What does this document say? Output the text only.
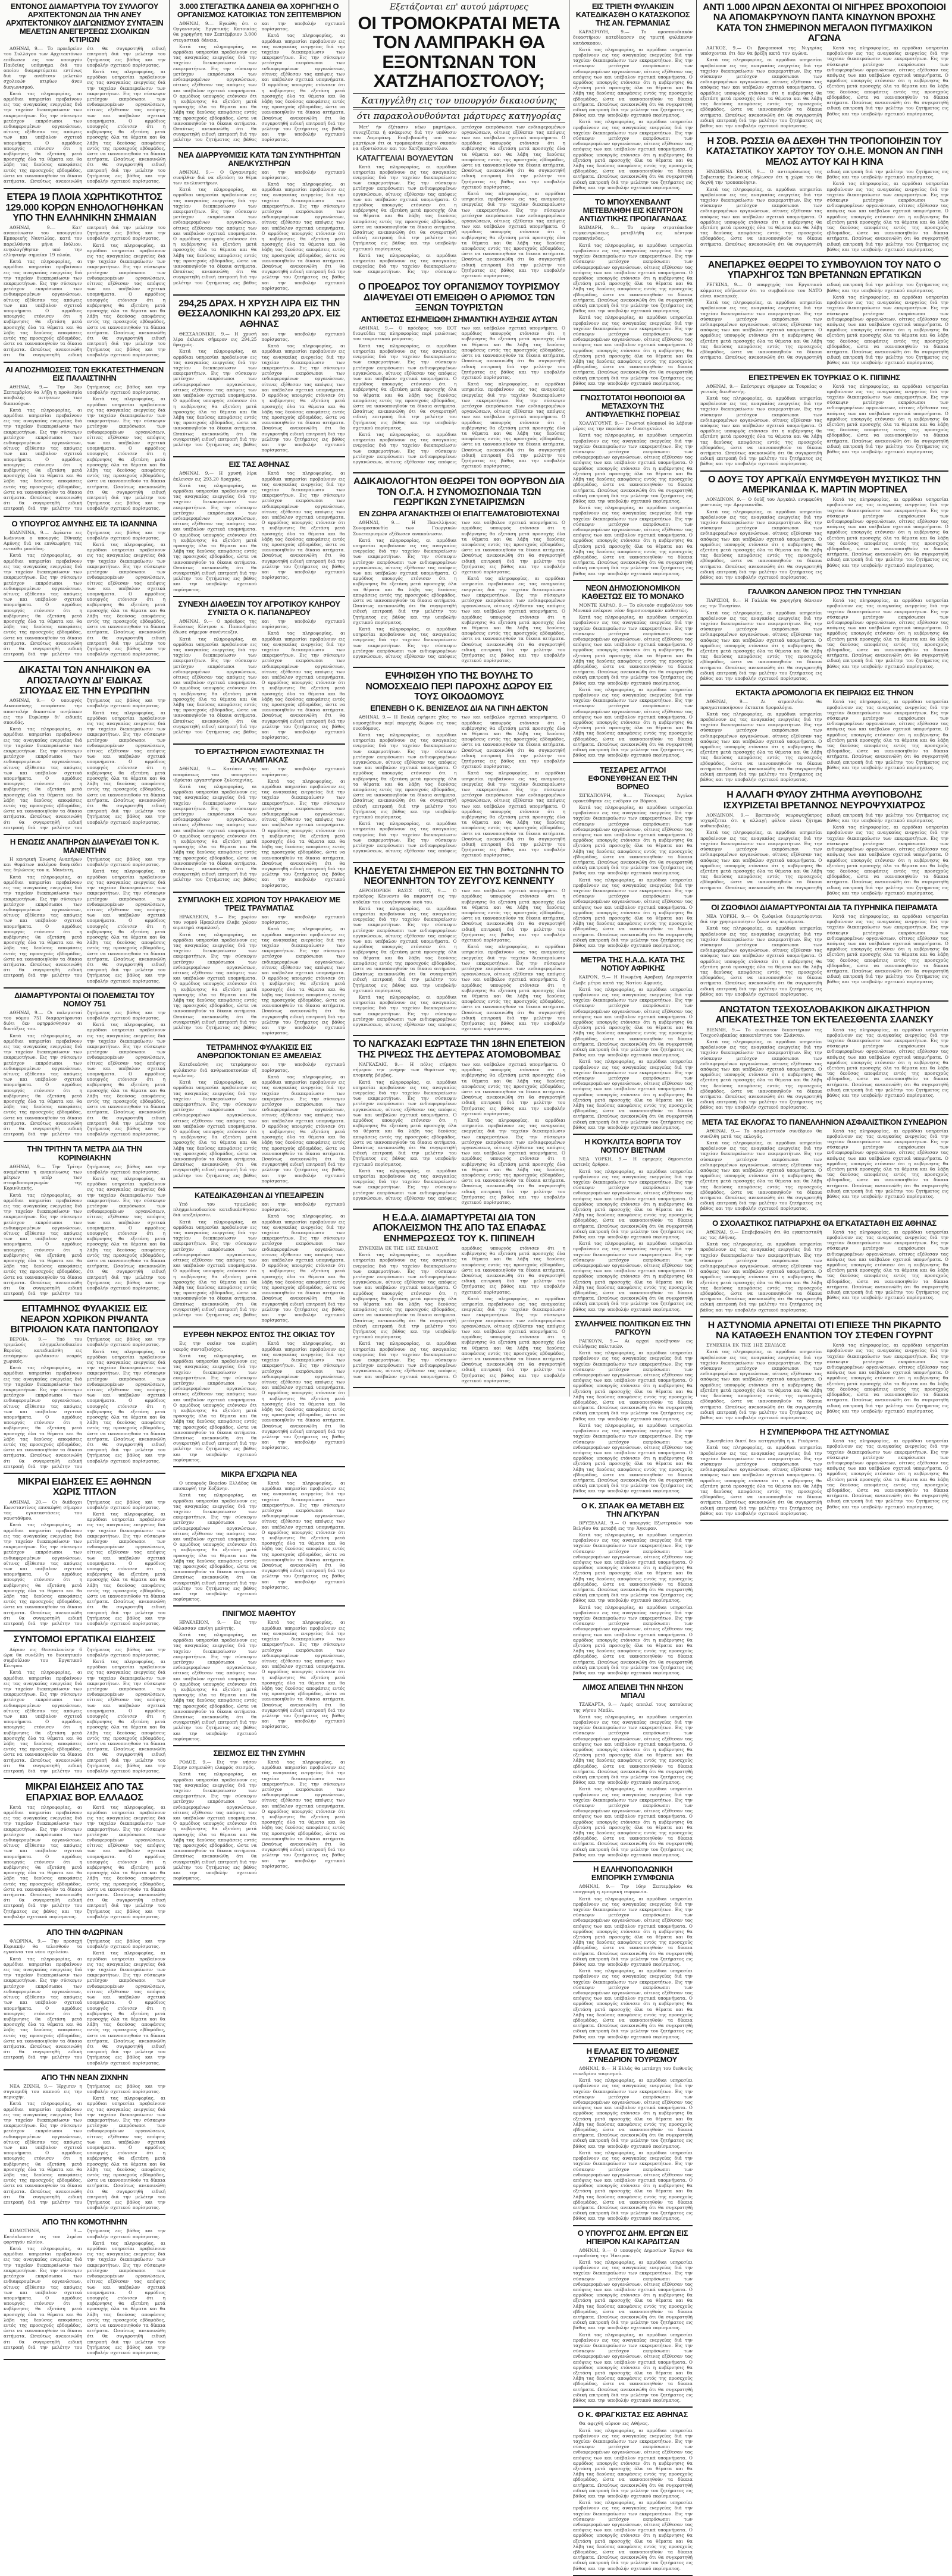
ΕΝΤΟΝΟΣ ΔΙΑΜΑΡΤΥΡΙΑ ΤΟΥ ΣΥΛΛΟΓΟΥ ΑΡΧΙΤΕΚΤΟΝΩΝ ΔΙΑ ΤΗΝ ΑΝΕΥ ΑΡΧΙΤΕΚΤΟΝΙΚΟΥ ΔΙΑΓΩΝΙΣΜΟΥ ΣΥΝΤΑΞΙΝ ΜΕΛΕΤΩΝ ΑΝΕΓΕΡΣΕΩΣ ΣΧΟΛΙΚΩΝ ΚΤΙΡΙΩΝ

ΑΘΗΝΑΙ, 9.— Το προεδρείον του Συλλόγου των Αρχιτεκτόνων επέδωσεν εις τον υπουργόν Παιδείας υπόμνημα διά του οποίου διαμαρτύρεται εντόνως διά την ανάθεσιν μελετών σχολικών κτιρίων άνευ διαγωνισμού.

Κατά τας πληροφορίας, αι αρμόδιαι υπηρεσίαι προβαίνουν εις τας αναγκαίας ενεργείας διά την ταχείαν διεκπεραίωσιν των εκκρεμοτήτων. Εις την σύσκεψιν μετέσχον εκπρόσωποι των ενδιαφερομένων οργανώσεων, οίτινες εξέθεσαν τας απόψεις των και υπέβαλον σχετικά υπομνήματα. Ο αρμόδιος υπουργός ετόνισεν ότι η κυβέρνησις θα εξετάση μετά προσοχής όλα τα θέματα και θα λάβη τας δεούσας αποφάσεις εντός της προσεχούς εβδομάδος, ώστε να ικανοποιηθούν τα δίκαια αιτήματα. Ωσαύτως ανεκοινώθη ότι θα συγκροτηθή ειδική επιτροπή διά την μελέτην του ζητήματος εις βάθος και την υποβολήν σχετικού πορίσματος.

Κατά τας πληροφορίας, αι αρμόδιαι υπηρεσίαι προβαίνουν εις τας αναγκαίας ενεργείας διά την ταχείαν διεκπεραίωσιν των εκκρεμοτήτων. Εις την σύσκεψιν μετέσχον εκπρόσωποι των ενδιαφερομένων οργανώσεων, οίτινες εξέθεσαν τας απόψεις των και υπέβαλον σχετικά υπομνήματα. Ο αρμόδιος υπουργός ετόνισεν ότι η κυβέρνησις θα εξετάση μετά προσοχής όλα τα θέματα και θα λάβη τας δεούσας αποφάσεις εντός της προσεχούς εβδομάδος, ώστε να ικανοποιηθούν τα δίκαια αιτήματα. Ωσαύτως ανεκοινώθη ότι θα συγκροτηθή ειδική επιτροπή διά την μελέτην του ζητήματος εις βάθος και την υποβολήν σχετικού πορίσματος.

ΕΤΕΡΑ 19 ΠΛΟΙΑ ΧΩΡΗΤΙΚΟΤΗΤΟΣ 129.000 ΚΟΡΩΝ ΕΝΗΟΛΟΓΗΘΗΚΑΝ ΥΠΟ ΤΗΝ ΕΛΛΗΝΙΚΗΝ ΣΗΜΑΙΑΝ

ΑΘΗΝΑΙ, 9.— Κατ' ανακοίνωσιν του υπουργείου Εμπορικής Ναυτιλίας, κατά τον παρελθόντα μήνα Ιούλιον, ενηολογήθησαν υπό την ελληνικήν σημαίαν 19 πλοία.

Κατά τας πληροφορίας, αι αρμόδιαι υπηρεσίαι προβαίνουν εις τας αναγκαίας ενεργείας διά την ταχείαν διεκπεραίωσιν των εκκρεμοτήτων. Εις την σύσκεψιν μετέσχον εκπρόσωποι των ενδιαφερομένων οργανώσεων, οίτινες εξέθεσαν τας απόψεις των και υπέβαλον σχετικά υπομνήματα. Ο αρμόδιος υπουργός ετόνισεν ότι η κυβέρνησις θα εξετάση μετά προσοχής όλα τα θέματα και θα λάβη τας δεούσας αποφάσεις εντός της προσεχούς εβδομάδος, ώστε να ικανοποιηθούν τα δίκαια αιτήματα. Ωσαύτως ανεκοινώθη ότι θα συγκροτηθή ειδική επιτροπή διά την μελέτην του ζητήματος εις βάθος και την υποβολήν σχετικού πορίσματος.

Κατά τας πληροφορίας, αι αρμόδιαι υπηρεσίαι προβαίνουν εις τας αναγκαίας ενεργείας διά την ταχείαν διεκπεραίωσιν των εκκρεμοτήτων. Εις την σύσκεψιν μετέσχον εκπρόσωποι των ενδιαφερομένων οργανώσεων, οίτινες εξέθεσαν τας απόψεις των και υπέβαλον σχετικά υπομνήματα. Ο αρμόδιος υπουργός ετόνισεν ότι η κυβέρνησις θα εξετάση μετά προσοχής όλα τα θέματα και θα λάβη τας δεούσας αποφάσεις εντός της προσεχούς εβδομάδος, ώστε να ικανοποιηθούν τα δίκαια αιτήματα. Ωσαύτως ανεκοινώθη ότι θα συγκροτηθή ειδική επιτροπή διά την μελέτην του ζητήματος εις βάθος και την υποβολήν σχετικού πορίσματος.

ΑΙ ΑΠΟΖΗΜΙΩΣΕΙΣ ΤΩΝ ΕΚΚΑΤΕΣΤΗΜΕΝΩΝ ΕΙΣ ΠΑΛΑΙΣΤΙΝΗΝ

ΑΘΗΝΑΙ, 9.— Την 3ην Σεπτεμβρίου θα λήξη η προθεσμία υποβολής αιτήσεων των δικαιούχων.

Κατά τας πληροφορίας, αι αρμόδιαι υπηρεσίαι προβαίνουν εις τας αναγκαίας ενεργείας διά την ταχείαν διεκπεραίωσιν των εκκρεμοτήτων. Εις την σύσκεψιν μετέσχον εκπρόσωποι των ενδιαφερομένων οργανώσεων, οίτινες εξέθεσαν τας απόψεις των και υπέβαλον σχετικά υπομνήματα. Ο αρμόδιος υπουργός ετόνισεν ότι η κυβέρνησις θα εξετάση μετά προσοχής όλα τα θέματα και θα λάβη τας δεούσας αποφάσεις εντός της προσεχούς εβδομάδος, ώστε να ικανοποιηθούν τα δίκαια αιτήματα. Ωσαύτως ανεκοινώθη ότι θα συγκροτηθή ειδική επιτροπή διά την μελέτην του ζητήματος εις βάθος και την υποβολήν σχετικού πορίσματος.

Κατά τας πληροφορίας, αι αρμόδιαι υπηρεσίαι προβαίνουν εις τας αναγκαίας ενεργείας διά την ταχείαν διεκπεραίωσιν των εκκρεμοτήτων. Εις την σύσκεψιν μετέσχον εκπρόσωποι των ενδιαφερομένων οργανώσεων, οίτινες εξέθεσαν τας απόψεις των και υπέβαλον σχετικά υπομνήματα. Ο αρμόδιος υπουργός ετόνισεν ότι η κυβέρνησις θα εξετάση μετά προσοχής όλα τα θέματα και θα λάβη τας δεούσας αποφάσεις εντός της προσεχούς εβδομάδος, ώστε να ικανοποιηθούν τα δίκαια αιτήματα. Ωσαύτως ανεκοινώθη ότι θα συγκροτηθή ειδική επιτροπή διά την μελέτην του ζητήματος εις βάθος και την υποβολήν σχετικού πορίσματος.

Ο ΥΠΟΥΡΓΟΣ ΑΜΥΝΗΣ ΕΙΣ ΤΑ ΙΩΑΝΝΙΝΑ

ΙΩΑΝΝΙΝΑ, 9.— Αφίκετο εις Ιωάννινα ο υπουργός Εθνικής Αμύνης διά να επιθεωρήση τας ενταύθα μονάδας.

Κατά τας πληροφορίας, αι αρμόδιαι υπηρεσίαι προβαίνουν εις τας αναγκαίας ενεργείας διά την ταχείαν διεκπεραίωσιν των εκκρεμοτήτων. Εις την σύσκεψιν μετέσχον εκπρόσωποι των ενδιαφερομένων οργανώσεων, οίτινες εξέθεσαν τας απόψεις των και υπέβαλον σχετικά υπομνήματα. Ο αρμόδιος υπουργός ετόνισεν ότι η κυβέρνησις θα εξετάση μετά προσοχής όλα τα θέματα και θα λάβη τας δεούσας αποφάσεις εντός της προσεχούς εβδομάδος, ώστε να ικανοποιηθούν τα δίκαια αιτήματα. Ωσαύτως ανεκοινώθη ότι θα συγκροτηθή ειδική επιτροπή διά την μελέτην του ζητήματος εις βάθος και την υποβολήν σχετικού πορίσματος.

Κατά τας πληροφορίας, αι αρμόδιαι υπηρεσίαι προβαίνουν εις τας αναγκαίας ενεργείας διά την ταχείαν διεκπεραίωσιν των εκκρεμοτήτων. Εις την σύσκεψιν μετέσχον εκπρόσωποι των ενδιαφερομένων οργανώσεων, οίτινες εξέθεσαν τας απόψεις των και υπέβαλον σχετικά υπομνήματα. Ο αρμόδιος υπουργός ετόνισεν ότι η κυβέρνησις θα εξετάση μετά προσοχής όλα τα θέματα και θα λάβη τας δεούσας αποφάσεις εντός της προσεχούς εβδομάδος, ώστε να ικανοποιηθούν τα δίκαια αιτήματα. Ωσαύτως ανεκοινώθη ότι θα συγκροτηθή ειδική επιτροπή διά την μελέτην του ζητήματος εις βάθος και την υποβολήν σχετικού πορίσματος.

ΔΙΚΑΣΤΑΙ ΤΩΝ ΑΝΗΛΙΚΩΝ ΘΑ ΑΠΟΣΤΑΛΟΥΝ ΔΙ' ΕΙΔΙΚΑΣ ΣΠΟΥΔΑΣ ΕΙΣ ΤΗΝ ΕΥΡΩΠΗΝ

ΑΘΗΝΑΙ, 9.— Ο υπουργός Δικαιοσύνης απεφάσισε την αποστολήν δικαστών ανηλίκων εις την Ευρώπην δι' ειδικάς σπουδάς.

Κατά τας πληροφορίας, αι αρμόδιαι υπηρεσίαι προβαίνουν εις τας αναγκαίας ενεργείας διά την ταχείαν διεκπεραίωσιν των εκκρεμοτήτων. Εις την σύσκεψιν μετέσχον εκπρόσωποι των ενδιαφερομένων οργανώσεων, οίτινες εξέθεσαν τας απόψεις των και υπέβαλον σχετικά υπομνήματα. Ο αρμόδιος υπουργός ετόνισεν ότι η κυβέρνησις θα εξετάση μετά προσοχής όλα τα θέματα και θα λάβη τας δεούσας αποφάσεις εντός της προσεχούς εβδομάδος, ώστε να ικανοποιηθούν τα δίκαια αιτήματα. Ωσαύτως ανεκοινώθη ότι θα συγκροτηθή ειδική επιτροπή διά την μελέτην του ζητήματος εις βάθος και την υποβολήν σχετικού πορίσματος.

Κατά τας πληροφορίας, αι αρμόδιαι υπηρεσίαι προβαίνουν εις τας αναγκαίας ενεργείας διά την ταχείαν διεκπεραίωσιν των εκκρεμοτήτων. Εις την σύσκεψιν μετέσχον εκπρόσωποι των ενδιαφερομένων οργανώσεων, οίτινες εξέθεσαν τας απόψεις των και υπέβαλον σχετικά υπομνήματα. Ο αρμόδιος υπουργός ετόνισεν ότι η κυβέρνησις θα εξετάση μετά προσοχής όλα τα θέματα και θα λάβη τας δεούσας αποφάσεις εντός της προσεχούς εβδομάδος, ώστε να ικανοποιηθούν τα δίκαια αιτήματα. Ωσαύτως ανεκοινώθη ότι θα συγκροτηθή ειδική επιτροπή διά την μελέτην του ζητήματος εις βάθος και την υποβολήν σχετικού πορίσματος.

Η ΕΝΩΣΙΣ ΑΝΑΠΗΡΩΝ ΔΙΑΨΕΥΔΕΙ ΤΟΝ Κ. ΜΑΝΕΝΤΗΝ

Η κεντρική Ένωσις Αναπήρων και θυμάτων πολέμου διαψεύδει τας δηλώσεις του κ. Μανέντη.

Κατά τας πληροφορίας, αι αρμόδιαι υπηρεσίαι προβαίνουν εις τας αναγκαίας ενεργείας διά την ταχείαν διεκπεραίωσιν των εκκρεμοτήτων. Εις την σύσκεψιν μετέσχον εκπρόσωποι των ενδιαφερομένων οργανώσεων, οίτινες εξέθεσαν τας απόψεις των και υπέβαλον σχετικά υπομνήματα. Ο αρμόδιος υπουργός ετόνισεν ότι η κυβέρνησις θα εξετάση μετά προσοχής όλα τα θέματα και θα λάβη τας δεούσας αποφάσεις εντός της προσεχούς εβδομάδος, ώστε να ικανοποιηθούν τα δίκαια αιτήματα. Ωσαύτως ανεκοινώθη ότι θα συγκροτηθή ειδική επιτροπή διά την μελέτην του ζητήματος εις βάθος και την υποβολήν σχετικού πορίσματος.

Κατά τας πληροφορίας, αι αρμόδιαι υπηρεσίαι προβαίνουν εις τας αναγκαίας ενεργείας διά την ταχείαν διεκπεραίωσιν των εκκρεμοτήτων. Εις την σύσκεψιν μετέσχον εκπρόσωποι των ενδιαφερομένων οργανώσεων, οίτινες εξέθεσαν τας απόψεις των και υπέβαλον σχετικά υπομνήματα. Ο αρμόδιος υπουργός ετόνισεν ότι η κυβέρνησις θα εξετάση μετά προσοχής όλα τα θέματα και θα λάβη τας δεούσας αποφάσεις εντός της προσεχούς εβδομάδος, ώστε να ικανοποιηθούν τα δίκαια αιτήματα. Ωσαύτως ανεκοινώθη ότι θα συγκροτηθή ειδική επιτροπή διά την μελέτην του ζητήματος εις βάθος και την υποβολήν σχετικού πορίσματος.

ΔΙΑΜΑΡΤΥΡΟΝΤΑΙ ΟΙ ΠΟΛΕΜΙΣΤΑΙ ΤΟΥ ΝΟΜΟΥ 751

ΑΘΗΝΑΙ, 9.— Οι πολεμισταί του νόμου 751 διαμαρτύρονται διότι δεν εφηρμόσθησαν αι διατάξεις του.

Κατά τας πληροφορίας, αι αρμόδιαι υπηρεσίαι προβαίνουν εις τας αναγκαίας ενεργείας διά την ταχείαν διεκπεραίωσιν των εκκρεμοτήτων. Εις την σύσκεψιν μετέσχον εκπρόσωποι των ενδιαφερομένων οργανώσεων, οίτινες εξέθεσαν τας απόψεις των και υπέβαλον σχετικά υπομνήματα. Ο αρμόδιος υπουργός ετόνισεν ότι η κυβέρνησις θα εξετάση μετά προσοχής όλα τα θέματα και θα λάβη τας δεούσας αποφάσεις εντός της προσεχούς εβδομάδος, ώστε να ικανοποιηθούν τα δίκαια αιτήματα. Ωσαύτως ανεκοινώθη ότι θα συγκροτηθή ειδική επιτροπή διά την μελέτην του ζητήματος εις βάθος και την υποβολήν σχετικού πορίσματος.

Κατά τας πληροφορίας, αι αρμόδιαι υπηρεσίαι προβαίνουν εις τας αναγκαίας ενεργείας διά την ταχείαν διεκπεραίωσιν των εκκρεμοτήτων. Εις την σύσκεψιν μετέσχον εκπρόσωποι των ενδιαφερομένων οργανώσεων, οίτινες εξέθεσαν τας απόψεις των και υπέβαλον σχετικά υπομνήματα. Ο αρμόδιος υπουργός ετόνισεν ότι η κυβέρνησις θα εξετάση μετά προσοχής όλα τα θέματα και θα λάβη τας δεούσας αποφάσεις εντός της προσεχούς εβδομάδος, ώστε να ικανοποιηθούν τα δίκαια αιτήματα. Ωσαύτως ανεκοινώθη ότι θα συγκροτηθή ειδική επιτροπή διά την μελέτην του ζητήματος εις βάθος και την υποβολήν σχετικού πορίσματος.

ΤΗΝ ΤΡΙΤΗΝ ΤΑ ΜΕΤΡΑ ΔΙΑ ΤΗΝ ΚΟΡΙΝΘΙΑΚΗΝ

ΑΘΗΝΑΙ, 9.— Την Τρίτην αναμένεται η ανακοίνωσις των μέτρων υπέρ των σταφιδοπαραγωγών της Κορινθιακής.

Κατά τας πληροφορίας, αι αρμόδιαι υπηρεσίαι προβαίνουν εις τας αναγκαίας ενεργείας διά την ταχείαν διεκπεραίωσιν των εκκρεμοτήτων. Εις την σύσκεψιν μετέσχον εκπρόσωποι των ενδιαφερομένων οργανώσεων, οίτινες εξέθεσαν τας απόψεις των και υπέβαλον σχετικά υπομνήματα. Ο αρμόδιος υπουργός ετόνισεν ότι η κυβέρνησις θα εξετάση μετά προσοχής όλα τα θέματα και θα λάβη τας δεούσας αποφάσεις εντός της προσεχούς εβδομάδος, ώστε να ικανοποιηθούν τα δίκαια αιτήματα. Ωσαύτως ανεκοινώθη ότι θα συγκροτηθή ειδική επιτροπή διά την μελέτην του ζητήματος εις βάθος και την υποβολήν σχετικού πορίσματος.

Κατά τας πληροφορίας, αι αρμόδιαι υπηρεσίαι προβαίνουν εις τας αναγκαίας ενεργείας διά την ταχείαν διεκπεραίωσιν των εκκρεμοτήτων. Εις την σύσκεψιν μετέσχον εκπρόσωποι των ενδιαφερομένων οργανώσεων, οίτινες εξέθεσαν τας απόψεις των και υπέβαλον σχετικά υπομνήματα. Ο αρμόδιος υπουργός ετόνισεν ότι η κυβέρνησις θα εξετάση μετά προσοχής όλα τα θέματα και θα λάβη τας δεούσας αποφάσεις εντός της προσεχούς εβδομάδος, ώστε να ικανοποιηθούν τα δίκαια αιτήματα. Ωσαύτως ανεκοινώθη ότι θα συγκροτηθή ειδική επιτροπή διά την μελέτην του ζητήματος εις βάθος και την υποβολήν σχετικού πορίσματος.

ΕΠΤΑΜΗΝΟΣ ΦΥΛΑΚΙΣΙΣ ΕΙΣ ΝΕΑΡΟΝ ΧΩΡΙΚΟΝ ΡΙΨΑΝΤΑ ΒΙΤΡΙΟΛΙΟΝ ΚΑΤΑ ΠΑΝΤΟΠΩΛΟΥ

ΒΕΡΟΙΑ, 9.— Υπό του τριμελούς πλημμελειοδικείου Βεροίας κατεδικάσθη εις επτάμηνον φυλάκισιν νεαρός χωρικός.

Κατά τας πληροφορίας, αι αρμόδιαι υπηρεσίαι προβαίνουν εις τας αναγκαίας ενεργείας διά την ταχείαν διεκπεραίωσιν των εκκρεμοτήτων. Εις την σύσκεψιν μετέσχον εκπρόσωποι των ενδιαφερομένων οργανώσεων, οίτινες εξέθεσαν τας απόψεις των και υπέβαλον σχετικά υπομνήματα. Ο αρμόδιος υπουργός ετόνισεν ότι η κυβέρνησις θα εξετάση μετά προσοχής όλα τα θέματα και θα λάβη τας δεούσας αποφάσεις εντός της προσεχούς εβδομάδος, ώστε να ικανοποιηθούν τα δίκαια αιτήματα. Ωσαύτως ανεκοινώθη ότι θα συγκροτηθή ειδική επιτροπή διά την μελέτην του ζητήματος εις βάθος και την υποβολήν σχετικού πορίσματος.

Κατά τας πληροφορίας, αι αρμόδιαι υπηρεσίαι προβαίνουν εις τας αναγκαίας ενεργείας διά την ταχείαν διεκπεραίωσιν των εκκρεμοτήτων. Εις την σύσκεψιν μετέσχον εκπρόσωποι των ενδιαφερομένων οργανώσεων, οίτινες εξέθεσαν τας απόψεις των και υπέβαλον σχετικά υπομνήματα. Ο αρμόδιος υπουργός ετόνισεν ότι η κυβέρνησις θα εξετάση μετά προσοχής όλα τα θέματα και θα λάβη τας δεούσας αποφάσεις εντός της προσεχούς εβδομάδος, ώστε να ικανοποιηθούν τα δίκαια αιτήματα. Ωσαύτως ανεκοινώθη ότι θα συγκροτηθή ειδική επιτροπή διά την μελέτην του ζητήματος εις βάθος και την υποβολήν σχετικού πορίσματος.

ΜΙΚΡΑΙ ΕΙΔΗΣΕΙΣ ΕΞ ΑΘΗΝΩΝ ΧΩΡΙΣ ΤΙΤΛΟΝ

ΑΘΗΝΑΙ, 20.— Οι διάδοχοι Κωνσταντίνος επισκέφθη σήμερον τας εγκαταστάσεις του ναυστάθμου.

Κατά τας πληροφορίας, αι αρμόδιαι υπηρεσίαι προβαίνουν εις τας αναγκαίας ενεργείας διά την ταχείαν διεκπεραίωσιν των εκκρεμοτήτων. Εις την σύσκεψιν μετέσχον εκπρόσωποι των ενδιαφερομένων οργανώσεων, οίτινες εξέθεσαν τας απόψεις των και υπέβαλον σχετικά υπομνήματα. Ο αρμόδιος υπουργός ετόνισεν ότι η κυβέρνησις θα εξετάση μετά προσοχής όλα τα θέματα και θα λάβη τας δεούσας αποφάσεις εντός της προσεχούς εβδομάδος, ώστε να ικανοποιηθούν τα δίκαια αιτήματα. Ωσαύτως ανεκοινώθη ότι θα συγκροτηθή ειδική επιτροπή διά την μελέτην του ζητήματος εις βάθος και την υποβολήν σχετικού πορίσματος.

Κατά τας πληροφορίας, αι αρμόδιαι υπηρεσίαι προβαίνουν εις τας αναγκαίας ενεργείας διά την ταχείαν διεκπεραίωσιν των εκκρεμοτήτων. Εις την σύσκεψιν μετέσχον εκπρόσωποι των ενδιαφερομένων οργανώσεων, οίτινες εξέθεσαν τας απόψεις των και υπέβαλον σχετικά υπομνήματα. Ο αρμόδιος υπουργός ετόνισεν ότι η κυβέρνησις θα εξετάση μετά προσοχής όλα τα θέματα και θα λάβη τας δεούσας αποφάσεις εντός της προσεχούς εβδομάδος, ώστε να ικανοποιηθούν τα δίκαια αιτήματα. Ωσαύτως ανεκοινώθη ότι θα συγκροτηθή ειδική επιτροπή διά την μελέτην του ζητήματος εις βάθος και την υποβολήν σχετικού πορίσματος.

ΣΥΝΤΟΜΟΙ ΕΡΓΑΤΙΚΑΙ ΕΙΔΗΣΕΙΣ

Αύριον εις Θεσσαλονίκην 6 ώρα θα συνέλθη το διοικητικόν συμβούλιον του Εργατικού Κέντρου.

Κατά τας πληροφορίας, αι αρμόδιαι υπηρεσίαι προβαίνουν εις τας αναγκαίας ενεργείας διά την ταχείαν διεκπεραίωσιν των εκκρεμοτήτων. Εις την σύσκεψιν μετέσχον εκπρόσωποι των ενδιαφερομένων οργανώσεων, οίτινες εξέθεσαν τας απόψεις των και υπέβαλον σχετικά υπομνήματα. Ο αρμόδιος υπουργός ετόνισεν ότι η κυβέρνησις θα εξετάση μετά προσοχής όλα τα θέματα και θα λάβη τας δεούσας αποφάσεις εντός της προσεχούς εβδομάδος, ώστε να ικανοποιηθούν τα δίκαια αιτήματα. Ωσαύτως ανεκοινώθη ότι θα συγκροτηθή ειδική επιτροπή διά την μελέτην του ζητήματος εις βάθος και την υποβολήν σχετικού πορίσματος.

Κατά τας πληροφορίας, αι αρμόδιαι υπηρεσίαι προβαίνουν εις τας αναγκαίας ενεργείας διά την ταχείαν διεκπεραίωσιν των εκκρεμοτήτων. Εις την σύσκεψιν μετέσχον εκπρόσωποι των ενδιαφερομένων οργανώσεων, οίτινες εξέθεσαν τας απόψεις των και υπέβαλον σχετικά υπομνήματα. Ο αρμόδιος υπουργός ετόνισεν ότι η κυβέρνησις θα εξετάση μετά προσοχής όλα τα θέματα και θα λάβη τας δεούσας αποφάσεις εντός της προσεχούς εβδομάδος, ώστε να ικανοποιηθούν τα δίκαια αιτήματα. Ωσαύτως ανεκοινώθη ότι θα συγκροτηθή ειδική επιτροπή διά την μελέτην του ζητήματος εις βάθος και την υποβολήν σχετικού πορίσματος.

ΜΙΚΡΑΙ ΕΙΔΗΣΕΙΣ ΑΠΟ ΤΑΣ ΕΠΑΡΧΙΑΣ ΒΟΡ. ΕΛΛΑΔΟΣ

Κατά τας πληροφορίας, αι αρμόδιαι υπηρεσίαι προβαίνουν εις τας αναγκαίας ενεργείας διά την ταχείαν διεκπεραίωσιν των εκκρεμοτήτων. Εις την σύσκεψιν μετέσχον εκπρόσωποι των ενδιαφερομένων οργανώσεων, οίτινες εξέθεσαν τας απόψεις των και υπέβαλον σχετικά υπομνήματα. Ο αρμόδιος υπουργός ετόνισεν ότι η κυβέρνησις θα εξετάση μετά προσοχής όλα τα θέματα και θα λάβη τας δεούσας αποφάσεις εντός της προσεχούς εβδομάδος, ώστε να ικανοποιηθούν τα δίκαια αιτήματα. Ωσαύτως ανεκοινώθη ότι θα συγκροτηθή ειδική επιτροπή διά την μελέτην του ζητήματος εις βάθος και την υποβολήν σχετικού πορίσματος.

Κατά τας πληροφορίας, αι αρμόδιαι υπηρεσίαι προβαίνουν εις τας αναγκαίας ενεργείας διά την ταχείαν διεκπεραίωσιν των εκκρεμοτήτων. Εις την σύσκεψιν μετέσχον εκπρόσωποι των ενδιαφερομένων οργανώσεων, οίτινες εξέθεσαν τας απόψεις των και υπέβαλον σχετικά υπομνήματα. Ο αρμόδιος υπουργός ετόνισεν ότι η κυβέρνησις θα εξετάση μετά προσοχής όλα τα θέματα και θα λάβη τας δεούσας αποφάσεις εντός της προσεχούς εβδομάδος, ώστε να ικανοποιηθούν τα δίκαια αιτήματα. Ωσαύτως ανεκοινώθη ότι θα συγκροτηθή ειδική επιτροπή διά την μελέτην του ζητήματος εις βάθος και την υποβολήν σχετικού πορίσματος.

ΑΠΟ ΤΗΝ ΦΛΩΡΙΝΑΝ

ΦΛΩΡΙΝΑ, 9.— Την προσεχή Κυριακήν θα τελεσθούν τα εγκαίνια του νέου σχολείου.

Κατά τας πληροφορίας, αι αρμόδιαι υπηρεσίαι προβαίνουν εις τας αναγκαίας ενεργείας διά την ταχείαν διεκπεραίωσιν των εκκρεμοτήτων. Εις την σύσκεψιν μετέσχον εκπρόσωποι των ενδιαφερομένων οργανώσεων, οίτινες εξέθεσαν τας απόψεις των και υπέβαλον σχετικά υπομνήματα. Ο αρμόδιος υπουργός ετόνισεν ότι η κυβέρνησις θα εξετάση μετά προσοχής όλα τα θέματα και θα λάβη τας δεούσας αποφάσεις εντός της προσεχούς εβδομάδος, ώστε να ικανοποιηθούν τα δίκαια αιτήματα. Ωσαύτως ανεκοινώθη ότι θα συγκροτηθή ειδική επιτροπή διά την μελέτην του ζητήματος εις βάθος και την υποβολήν σχετικού πορίσματος.

Κατά τας πληροφορίας, αι αρμόδιαι υπηρεσίαι προβαίνουν εις τας αναγκαίας ενεργείας διά την ταχείαν διεκπεραίωσιν των εκκρεμοτήτων. Εις την σύσκεψιν μετέσχον εκπρόσωποι των ενδιαφερομένων οργανώσεων, οίτινες εξέθεσαν τας απόψεις των και υπέβαλον σχετικά υπομνήματα. Ο αρμόδιος υπουργός ετόνισεν ότι η κυβέρνησις θα εξετάση μετά προσοχής όλα τα θέματα και θα λάβη τας δεούσας αποφάσεις εντός της προσεχούς εβδομάδος, ώστε να ικανοποιηθούν τα δίκαια αιτήματα. Ωσαύτως ανεκοινώθη ότι θα συγκροτηθή ειδική επιτροπή διά την μελέτην του ζητήματος εις βάθος και την υποβολήν σχετικού πορίσματος.

ΑΠΟ ΤΗΝ ΝΕΑΝ ΖΙΧΝΗΝ

ΝΕΑ ΖΙΧΝΗ, 9.— Ήρχισεν η συγκομιδή του καπνού εις την περιοχήν.

Κατά τας πληροφορίας, αι αρμόδιαι υπηρεσίαι προβαίνουν εις τας αναγκαίας ενεργείας διά την ταχείαν διεκπεραίωσιν των εκκρεμοτήτων. Εις την σύσκεψιν μετέσχον εκπρόσωποι των ενδιαφερομένων οργανώσεων, οίτινες εξέθεσαν τας απόψεις των και υπέβαλον σχετικά υπομνήματα. Ο αρμόδιος υπουργός ετόνισεν ότι η κυβέρνησις θα εξετάση μετά προσοχής όλα τα θέματα και θα λάβη τας δεούσας αποφάσεις εντός της προσεχούς εβδομάδος, ώστε να ικανοποιηθούν τα δίκαια αιτήματα. Ωσαύτως ανεκοινώθη ότι θα συγκροτηθή ειδική επιτροπή διά την μελέτην του ζητήματος εις βάθος και την υποβολήν σχετικού πορίσματος.

Κατά τας πληροφορίας, αι αρμόδιαι υπηρεσίαι προβαίνουν εις τας αναγκαίας ενεργείας διά την ταχείαν διεκπεραίωσιν των εκκρεμοτήτων. Εις την σύσκεψιν μετέσχον εκπρόσωποι των ενδιαφερομένων οργανώσεων, οίτινες εξέθεσαν τας απόψεις των και υπέβαλον σχετικά υπομνήματα. Ο αρμόδιος υπουργός ετόνισεν ότι η κυβέρνησις θα εξετάση μετά προσοχής όλα τα θέματα και θα λάβη τας δεούσας αποφάσεις εντός της προσεχούς εβδομάδος, ώστε να ικανοποιηθούν τα δίκαια αιτήματα. Ωσαύτως ανεκοινώθη ότι θα συγκροτηθή ειδική επιτροπή διά την μελέτην του ζητήματος εις βάθος και την υποβολήν σχετικού πορίσματος.

ΑΠΟ ΤΗΝ ΚΟΜΟΤΗΝΗΝ

ΚΟΜΟΤΗΝΗ, 9.— Κατέπλευσεν εις τον λιμένα φορτηγόν πλοίον.

Κατά τας πληροφορίας, αι αρμόδιαι υπηρεσίαι προβαίνουν εις τας αναγκαίας ενεργείας διά την ταχείαν διεκπεραίωσιν των εκκρεμοτήτων. Εις την σύσκεψιν μετέσχον εκπρόσωποι των ενδιαφερομένων οργανώσεων, οίτινες εξέθεσαν τας απόψεις των και υπέβαλον σχετικά υπομνήματα. Ο αρμόδιος υπουργός ετόνισεν ότι η κυβέρνησις θα εξετάση μετά προσοχής όλα τα θέματα και θα λάβη τας δεούσας αποφάσεις εντός της προσεχούς εβδομάδος, ώστε να ικανοποιηθούν τα δίκαια αιτήματα. Ωσαύτως ανεκοινώθη ότι θα συγκροτηθή ειδική επιτροπή διά την μελέτην του ζητήματος εις βάθος και την υποβολήν σχετικού πορίσματος.

Κατά τας πληροφορίας, αι αρμόδιαι υπηρεσίαι προβαίνουν εις τας αναγκαίας ενεργείας διά την ταχείαν διεκπεραίωσιν των εκκρεμοτήτων. Εις την σύσκεψιν μετέσχον εκπρόσωποι των ενδιαφερομένων οργανώσεων, οίτινες εξέθεσαν τας απόψεις των και υπέβαλον σχετικά υπομνήματα. Ο αρμόδιος υπουργός ετόνισεν ότι η κυβέρνησις θα εξετάση μετά προσοχής όλα τα θέματα και θα λάβη τας δεούσας αποφάσεις εντός της προσεχούς εβδομάδος, ώστε να ικανοποιηθούν τα δίκαια αιτήματα. Ωσαύτως ανεκοινώθη ότι θα συγκροτηθή ειδική επιτροπή διά την μελέτην του ζητήματος εις βάθος και την υποβολήν σχετικού πορίσματος.

3.000 ΣΤΕΓΑΣΤΙΚΑ ΔΑΝΕΙΑ ΘΑ ΧΟΡΗΓΗΣΗ Ο ΟΡΓΑΝΙΣΜΟΣ ΚΑΤΟΙΚΙΑΣ ΤΟΝ ΣΕΠΤΕΜΒΡΙΟΝ

ΑΘΗΝΑΙ, 9.— Εγκώθη ότι ο Οργανισμός Εργατικής Κατοικίας θα χορηγήση τον Σεπτέμβριον 3.000 στεγαστικά δάνεια.

Κατά τας πληροφορίας, αι αρμόδιαι υπηρεσίαι προβαίνουν εις τας αναγκαίας ενεργείας διά την ταχείαν διεκπεραίωσιν των εκκρεμοτήτων. Εις την σύσκεψιν μετέσχον εκπρόσωποι των ενδιαφερομένων οργανώσεων, οίτινες εξέθεσαν τας απόψεις των και υπέβαλον σχετικά υπομνήματα. Ο αρμόδιος υπουργός ετόνισεν ότι η κυβέρνησις θα εξετάση μετά προσοχής όλα τα θέματα και θα λάβη τας δεούσας αποφάσεις εντός της προσεχούς εβδομάδος, ώστε να ικανοποιηθούν τα δίκαια αιτήματα. Ωσαύτως ανεκοινώθη ότι θα συγκροτηθή ειδική επιτροπή διά την μελέτην του ζητήματος εις βάθος και την υποβολήν σχετικού πορίσματος.

Κατά τας πληροφορίας, αι αρμόδιαι υπηρεσίαι προβαίνουν εις τας αναγκαίας ενεργείας διά την ταχείαν διεκπεραίωσιν των εκκρεμοτήτων. Εις την σύσκεψιν μετέσχον εκπρόσωποι των ενδιαφερομένων οργανώσεων, οίτινες εξέθεσαν τας απόψεις των και υπέβαλον σχετικά υπομνήματα. Ο αρμόδιος υπουργός ετόνισεν ότι η κυβέρνησις θα εξετάση μετά προσοχής όλα τα θέματα και θα λάβη τας δεούσας αποφάσεις εντός της προσεχούς εβδομάδος, ώστε να ικανοποιηθούν τα δίκαια αιτήματα. Ωσαύτως ανεκοινώθη ότι θα συγκροτηθή ειδική επιτροπή διά την μελέτην του ζητήματος εις βάθος και την υποβολήν σχετικού πορίσματος.

ΝΕΑ ΔΙΑΡΡΥΘΜΙΣΙΣ ΚΑΤΑ ΤΩΝ ΣΥΝΤΗΡΗΤΩΝ ΑΝΕΛΚΥΣΤΗΡΩΝ

ΑΘΗΝΑΙ, 9.— Ο Οργανισμός συνήλθεν διά να εξετάση το θέμα των ανελκυστήρων.

Κατά τας πληροφορίας, αι αρμόδιαι υπηρεσίαι προβαίνουν εις τας αναγκαίας ενεργείας διά την ταχείαν διεκπεραίωσιν των εκκρεμοτήτων. Εις την σύσκεψιν μετέσχον εκπρόσωποι των ενδιαφερομένων οργανώσεων, οίτινες εξέθεσαν τας απόψεις των και υπέβαλον σχετικά υπομνήματα. Ο αρμόδιος υπουργός ετόνισεν ότι η κυβέρνησις θα εξετάση μετά προσοχής όλα τα θέματα και θα λάβη τας δεούσας αποφάσεις εντός της προσεχούς εβδομάδος, ώστε να ικανοποιηθούν τα δίκαια αιτήματα. Ωσαύτως ανεκοινώθη ότι θα συγκροτηθή ειδική επιτροπή διά την μελέτην του ζητήματος εις βάθος και την υποβολήν σχετικού πορίσματος.

Κατά τας πληροφορίας, αι αρμόδιαι υπηρεσίαι προβαίνουν εις τας αναγκαίας ενεργείας διά την ταχείαν διεκπεραίωσιν των εκκρεμοτήτων. Εις την σύσκεψιν μετέσχον εκπρόσωποι των ενδιαφερομένων οργανώσεων, οίτινες εξέθεσαν τας απόψεις των και υπέβαλον σχετικά υπομνήματα. Ο αρμόδιος υπουργός ετόνισεν ότι η κυβέρνησις θα εξετάση μετά προσοχής όλα τα θέματα και θα λάβη τας δεούσας αποφάσεις εντός της προσεχούς εβδομάδος, ώστε να ικανοποιηθούν τα δίκαια αιτήματα. Ωσαύτως ανεκοινώθη ότι θα συγκροτηθή ειδική επιτροπή διά την μελέτην του ζητήματος εις βάθος και την υποβολήν σχετικού πορίσματος.

294,25 ΔΡΑΧ. Η ΧΡΥΣΗ ΛΙΡΑ ΕΙΣ ΤΗΝ ΘΕΣΣΑΛΟΝΙΚΗΝ ΚΑΙ 293,20 ΔΡΧ. ΕΙΣ ΑΘΗΝΑΣ

ΘΕΣΣΑΛΟΝΙΚΗ, 9.— Η χρυσή λίρα έκλεισε σήμερον εις 294,25 δραχμάς.

Κατά τας πληροφορίας, αι αρμόδιαι υπηρεσίαι προβαίνουν εις τας αναγκαίας ενεργείας διά την ταχείαν διεκπεραίωσιν των εκκρεμοτήτων. Εις την σύσκεψιν μετέσχον εκπρόσωποι των ενδιαφερομένων οργανώσεων, οίτινες εξέθεσαν τας απόψεις των και υπέβαλον σχετικά υπομνήματα. Ο αρμόδιος υπουργός ετόνισεν ότι η κυβέρνησις θα εξετάση μετά προσοχής όλα τα θέματα και θα λάβη τας δεούσας αποφάσεις εντός της προσεχούς εβδομάδος, ώστε να ικανοποιηθούν τα δίκαια αιτήματα. Ωσαύτως ανεκοινώθη ότι θα συγκροτηθή ειδική επιτροπή διά την μελέτην του ζητήματος εις βάθος και την υποβολήν σχετικού πορίσματος.

Κατά τας πληροφορίας, αι αρμόδιαι υπηρεσίαι προβαίνουν εις τας αναγκαίας ενεργείας διά την ταχείαν διεκπεραίωσιν των εκκρεμοτήτων. Εις την σύσκεψιν μετέσχον εκπρόσωποι των ενδιαφερομένων οργανώσεων, οίτινες εξέθεσαν τας απόψεις των και υπέβαλον σχετικά υπομνήματα. Ο αρμόδιος υπουργός ετόνισεν ότι η κυβέρνησις θα εξετάση μετά προσοχής όλα τα θέματα και θα λάβη τας δεούσας αποφάσεις εντός της προσεχούς εβδομάδος, ώστε να ικανοποιηθούν τα δίκαια αιτήματα. Ωσαύτως ανεκοινώθη ότι θα συγκροτηθή ειδική επιτροπή διά την μελέτην του ζητήματος εις βάθος και την υποβολήν σχετικού πορίσματος.

ΕΙΣ ΤΑΣ ΑΘΗΝΑΣ

ΑΘΗΝΑΙ, 9.— Η χρυσή λίρα έκλεισεν εις 293,20 δραχμάς.

Κατά τας πληροφορίας, αι αρμόδιαι υπηρεσίαι προβαίνουν εις τας αναγκαίας ενεργείας διά την ταχείαν διεκπεραίωσιν των εκκρεμοτήτων. Εις την σύσκεψιν μετέσχον εκπρόσωποι των ενδιαφερομένων οργανώσεων, οίτινες εξέθεσαν τας απόψεις των και υπέβαλον σχετικά υπομνήματα. Ο αρμόδιος υπουργός ετόνισεν ότι η κυβέρνησις θα εξετάση μετά προσοχής όλα τα θέματα και θα λάβη τας δεούσας αποφάσεις εντός της προσεχούς εβδομάδος, ώστε να ικανοποιηθούν τα δίκαια αιτήματα. Ωσαύτως ανεκοινώθη ότι θα συγκροτηθή ειδική επιτροπή διά την μελέτην του ζητήματος εις βάθος και την υποβολήν σχετικού πορίσματος.

Κατά τας πληροφορίας, αι αρμόδιαι υπηρεσίαι προβαίνουν εις τας αναγκαίας ενεργείας διά την ταχείαν διεκπεραίωσιν των εκκρεμοτήτων. Εις την σύσκεψιν μετέσχον εκπρόσωποι των ενδιαφερομένων οργανώσεων, οίτινες εξέθεσαν τας απόψεις των και υπέβαλον σχετικά υπομνήματα. Ο αρμόδιος υπουργός ετόνισεν ότι η κυβέρνησις θα εξετάση μετά προσοχής όλα τα θέματα και θα λάβη τας δεούσας αποφάσεις εντός της προσεχούς εβδομάδος, ώστε να ικανοποιηθούν τα δίκαια αιτήματα. Ωσαύτως ανεκοινώθη ότι θα συγκροτηθή ειδική επιτροπή διά την μελέτην του ζητήματος εις βάθος και την υποβολήν σχετικού πορίσματος.

ΣΥΝΕΧΗ ΔΙΑΘΕΣΙΝ ΤΟΥ ΑΓΡΟΤΙΚΟΥ ΚΛΗΡΟΥ ΣΥΝΙΣΤΑ Ο Κ. ΠΑΠΑΝΔΡΕΟΥ

ΑΘΗΝΑΙ, 9.— Ο πρόεδρος της Ενώσεως Κέντρου κ. Παπανδρέου έδωσε σήμερον συνέντευξιν.

Κατά τας πληροφορίας, αι αρμόδιαι υπηρεσίαι προβαίνουν εις τας αναγκαίας ενεργείας διά την ταχείαν διεκπεραίωσιν των εκκρεμοτήτων. Εις την σύσκεψιν μετέσχον εκπρόσωποι των ενδιαφερομένων οργανώσεων, οίτινες εξέθεσαν τας απόψεις των και υπέβαλον σχετικά υπομνήματα. Ο αρμόδιος υπουργός ετόνισεν ότι η κυβέρνησις θα εξετάση μετά προσοχής όλα τα θέματα και θα λάβη τας δεούσας αποφάσεις εντός της προσεχούς εβδομάδος, ώστε να ικανοποιηθούν τα δίκαια αιτήματα. Ωσαύτως ανεκοινώθη ότι θα συγκροτηθή ειδική επιτροπή διά την μελέτην του ζητήματος εις βάθος και την υποβολήν σχετικού πορίσματος.

Κατά τας πληροφορίας, αι αρμόδιαι υπηρεσίαι προβαίνουν εις τας αναγκαίας ενεργείας διά την ταχείαν διεκπεραίωσιν των εκκρεμοτήτων. Εις την σύσκεψιν μετέσχον εκπρόσωποι των ενδιαφερομένων οργανώσεων, οίτινες εξέθεσαν τας απόψεις των και υπέβαλον σχετικά υπομνήματα. Ο αρμόδιος υπουργός ετόνισεν ότι η κυβέρνησις θα εξετάση μετά προσοχής όλα τα θέματα και θα λάβη τας δεούσας αποφάσεις εντός της προσεχούς εβδομάδος, ώστε να ικανοποιηθούν τα δίκαια αιτήματα. Ωσαύτως ανεκοινώθη ότι θα συγκροτηθή ειδική επιτροπή διά την μελέτην του ζητήματος εις βάθος και την υποβολήν σχετικού πορίσματος.

ΤΟ ΕΡΓΑΣΤΗΡΙΟΝ ΞΥΛΟΤΕΧΝΙΑΣ ΤΗ ΣΚΑΛΑΜΠΑΚΑΣ

ΑΘΗΝΑΙ, 9.— Κατόπιν της αποφάσεως του υπουργείου ιδρύεται εργαστήριον ξυλοτεχνίας.

Κατά τας πληροφορίας, αι αρμόδιαι υπηρεσίαι προβαίνουν εις τας αναγκαίας ενεργείας διά την ταχείαν διεκπεραίωσιν των εκκρεμοτήτων. Εις την σύσκεψιν μετέσχον εκπρόσωποι των ενδιαφερομένων οργανώσεων, οίτινες εξέθεσαν τας απόψεις των και υπέβαλον σχετικά υπομνήματα. Ο αρμόδιος υπουργός ετόνισεν ότι η κυβέρνησις θα εξετάση μετά προσοχής όλα τα θέματα και θα λάβη τας δεούσας αποφάσεις εντός της προσεχούς εβδομάδος, ώστε να ικανοποιηθούν τα δίκαια αιτήματα. Ωσαύτως ανεκοινώθη ότι θα συγκροτηθή ειδική επιτροπή διά την μελέτην του ζητήματος εις βάθος και την υποβολήν σχετικού πορίσματος.

Κατά τας πληροφορίας, αι αρμόδιαι υπηρεσίαι προβαίνουν εις τας αναγκαίας ενεργείας διά την ταχείαν διεκπεραίωσιν των εκκρεμοτήτων. Εις την σύσκεψιν μετέσχον εκπρόσωποι των ενδιαφερομένων οργανώσεων, οίτινες εξέθεσαν τας απόψεις των και υπέβαλον σχετικά υπομνήματα. Ο αρμόδιος υπουργός ετόνισεν ότι η κυβέρνησις θα εξετάση μετά προσοχής όλα τα θέματα και θα λάβη τας δεούσας αποφάσεις εντός της προσεχούς εβδομάδος, ώστε να ικανοποιηθούν τα δίκαια αιτήματα. Ωσαύτως ανεκοινώθη ότι θα συγκροτηθή ειδική επιτροπή διά την μελέτην του ζητήματος εις βάθος και την υποβολήν σχετικού πορίσματος.

ΣΥΜΠΛΟΚΗ ΕΙΣ ΧΩΡΙΟΝ ΤΟΥ ΗΡΑΚΛΕΙΟΥ ΜΕ ΤΡΕΙΣ ΤΡΑΥΜΑΤΙΑΣ

ΗΡΑΚΛΕΙΟΝ, 9.— Εις χωρίον του νομού Ηρακλείου έλαβε χώραν αιματηρά συμπλοκή.

Κατά τας πληροφορίας, αι αρμόδιαι υπηρεσίαι προβαίνουν εις τας αναγκαίας ενεργείας διά την ταχείαν διεκπεραίωσιν των εκκρεμοτήτων. Εις την σύσκεψιν μετέσχον εκπρόσωποι των ενδιαφερομένων οργανώσεων, οίτινες εξέθεσαν τας απόψεις των και υπέβαλον σχετικά υπομνήματα. Ο αρμόδιος υπουργός ετόνισεν ότι η κυβέρνησις θα εξετάση μετά προσοχής όλα τα θέματα και θα λάβη τας δεούσας αποφάσεις εντός της προσεχούς εβδομάδος, ώστε να ικανοποιηθούν τα δίκαια αιτήματα. Ωσαύτως ανεκοινώθη ότι θα συγκροτηθή ειδική επιτροπή διά την μελέτην του ζητήματος εις βάθος και την υποβολήν σχετικού πορίσματος.

Κατά τας πληροφορίας, αι αρμόδιαι υπηρεσίαι προβαίνουν εις τας αναγκαίας ενεργείας διά την ταχείαν διεκπεραίωσιν των εκκρεμοτήτων. Εις την σύσκεψιν μετέσχον εκπρόσωποι των ενδιαφερομένων οργανώσεων, οίτινες εξέθεσαν τας απόψεις των και υπέβαλον σχετικά υπομνήματα. Ο αρμόδιος υπουργός ετόνισεν ότι η κυβέρνησις θα εξετάση μετά προσοχής όλα τα θέματα και θα λάβη τας δεούσας αποφάσεις εντός της προσεχούς εβδομάδος, ώστε να ικανοποιηθούν τα δίκαια αιτήματα. Ωσαύτως ανεκοινώθη ότι θα συγκροτηθή ειδική επιτροπή διά την μελέτην του ζητήματος εις βάθος και την υποβολήν σχετικού πορίσματος.

ΤΕΤΡΑΜΗΝΟΣ ΦΥΛΑΚΙΣΙΣ ΕΙΣ ΑΝΘΡΩΠΟΚΤΟΝΙΑΝ ΕΞ ΑΜΕΛΕΙΑΣ

Κατεδικάσθη εις τετράμηνον φυλάκισιν διά ανθρωποκτονίαν εξ αμελείας.

Κατά τας πληροφορίας, αι αρμόδιαι υπηρεσίαι προβαίνουν εις τας αναγκαίας ενεργείας διά την ταχείαν διεκπεραίωσιν των εκκρεμοτήτων. Εις την σύσκεψιν μετέσχον εκπρόσωποι των ενδιαφερομένων οργανώσεων, οίτινες εξέθεσαν τας απόψεις των και υπέβαλον σχετικά υπομνήματα. Ο αρμόδιος υπουργός ετόνισεν ότι η κυβέρνησις θα εξετάση μετά προσοχής όλα τα θέματα και θα λάβη τας δεούσας αποφάσεις εντός της προσεχούς εβδομάδος, ώστε να ικανοποιηθούν τα δίκαια αιτήματα. Ωσαύτως ανεκοινώθη ότι θα συγκροτηθή ειδική επιτροπή διά την μελέτην του ζητήματος εις βάθος και την υποβολήν σχετικού πορίσματος.

Κατά τας πληροφορίας, αι αρμόδιαι υπηρεσίαι προβαίνουν εις τας αναγκαίας ενεργείας διά την ταχείαν διεκπεραίωσιν των εκκρεμοτήτων. Εις την σύσκεψιν μετέσχον εκπρόσωποι των ενδιαφερομένων οργανώσεων, οίτινες εξέθεσαν τας απόψεις των και υπέβαλον σχετικά υπομνήματα. Ο αρμόδιος υπουργός ετόνισεν ότι η κυβέρνησις θα εξετάση μετά προσοχής όλα τα θέματα και θα λάβη τας δεούσας αποφάσεις εντός της προσεχούς εβδομάδος, ώστε να ικανοποιηθούν τα δίκαια αιτήματα. Ωσαύτως ανεκοινώθη ότι θα συγκροτηθή ειδική επιτροπή διά την μελέτην του ζητήματος εις βάθος και την υποβολήν σχετικού πορίσματος.

ΚΑΤΕΔΙΚΑΣΘΗΣΑΝ ΔΙ ΥΠΕΞΑΙΡΕΣΙΝ

Υπό του τριμελούς πλημμελειοδικείου κατεδικάσθησαν διά υπεξαίρεσιν.

Κατά τας πληροφορίας, αι αρμόδιαι υπηρεσίαι προβαίνουν εις τας αναγκαίας ενεργείας διά την ταχείαν διεκπεραίωσιν των εκκρεμοτήτων. Εις την σύσκεψιν μετέσχον εκπρόσωποι των ενδιαφερομένων οργανώσεων, οίτινες εξέθεσαν τας απόψεις των και υπέβαλον σχετικά υπομνήματα. Ο αρμόδιος υπουργός ετόνισεν ότι η κυβέρνησις θα εξετάση μετά προσοχής όλα τα θέματα και θα λάβη τας δεούσας αποφάσεις εντός της προσεχούς εβδομάδος, ώστε να ικανοποιηθούν τα δίκαια αιτήματα. Ωσαύτως ανεκοινώθη ότι θα συγκροτηθή ειδική επιτροπή διά την μελέτην του ζητήματος εις βάθος και την υποβολήν σχετικού πορίσματος.

Κατά τας πληροφορίας, αι αρμόδιαι υπηρεσίαι προβαίνουν εις τας αναγκαίας ενεργείας διά την ταχείαν διεκπεραίωσιν των εκκρεμοτήτων. Εις την σύσκεψιν μετέσχον εκπρόσωποι των ενδιαφερομένων οργανώσεων, οίτινες εξέθεσαν τας απόψεις των και υπέβαλον σχετικά υπομνήματα. Ο αρμόδιος υπουργός ετόνισεν ότι η κυβέρνησις θα εξετάση μετά προσοχής όλα τα θέματα και θα λάβη τας δεούσας αποφάσεις εντός της προσεχούς εβδομάδος, ώστε να ικανοποιηθούν τα δίκαια αιτήματα. Ωσαύτως ανεκοινώθη ότι θα συγκροτηθή ειδική επιτροπή διά την μελέτην του ζητήματος εις βάθος και την υποβολήν σχετικού πορίσματος.

ΕΥΡΕΘΗ ΝΕΚΡΟΣ ΕΝΤΟΣ ΤΗΣ ΟΙΚΙΑΣ ΤΟΥ

Εις την οικίαν του ευρέθη νεκρός συνταξιούχος.

Κατά τας πληροφορίας, αι αρμόδιαι υπηρεσίαι προβαίνουν εις τας αναγκαίας ενεργείας διά την ταχείαν διεκπεραίωσιν των εκκρεμοτήτων. Εις την σύσκεψιν μετέσχον εκπρόσωποι των ενδιαφερομένων οργανώσεων, οίτινες εξέθεσαν τας απόψεις των και υπέβαλον σχετικά υπομνήματα. Ο αρμόδιος υπουργός ετόνισεν ότι η κυβέρνησις θα εξετάση μετά προσοχής όλα τα θέματα και θα λάβη τας δεούσας αποφάσεις εντός της προσεχούς εβδομάδος, ώστε να ικανοποιηθούν τα δίκαια αιτήματα. Ωσαύτως ανεκοινώθη ότι θα συγκροτηθή ειδική επιτροπή διά την μελέτην του ζητήματος εις βάθος και την υποβολήν σχετικού πορίσματος.

Κατά τας πληροφορίας, αι αρμόδιαι υπηρεσίαι προβαίνουν εις τας αναγκαίας ενεργείας διά την ταχείαν διεκπεραίωσιν των εκκρεμοτήτων. Εις την σύσκεψιν μετέσχον εκπρόσωποι των ενδιαφερομένων οργανώσεων, οίτινες εξέθεσαν τας απόψεις των και υπέβαλον σχετικά υπομνήματα. Ο αρμόδιος υπουργός ετόνισεν ότι η κυβέρνησις θα εξετάση μετά προσοχής όλα τα θέματα και θα λάβη τας δεούσας αποφάσεις εντός της προσεχούς εβδομάδος, ώστε να ικανοποιηθούν τα δίκαια αιτήματα. Ωσαύτως ανεκοινώθη ότι θα συγκροτηθή ειδική επιτροπή διά την μελέτην του ζητήματος εις βάθος και την υποβολήν σχετικού πορίσματος.

ΜΙΚΡΑ ΕΓΧΩΡΙΑ ΝΕΑ

Ο υπουργός Βορείου Ελλάδος θα επισκεφθή την Κοζάνην.

Κατά τας πληροφορίας, αι αρμόδιαι υπηρεσίαι προβαίνουν εις τας αναγκαίας ενεργείας διά την ταχείαν διεκπεραίωσιν των εκκρεμοτήτων. Εις την σύσκεψιν μετέσχον εκπρόσωποι των ενδιαφερομένων οργανώσεων, οίτινες εξέθεσαν τας απόψεις των και υπέβαλον σχετικά υπομνήματα. Ο αρμόδιος υπουργός ετόνισεν ότι η κυβέρνησις θα εξετάση μετά προσοχής όλα τα θέματα και θα λάβη τας δεούσας αποφάσεις εντός της προσεχούς εβδομάδος, ώστε να ικανοποιηθούν τα δίκαια αιτήματα. Ωσαύτως ανεκοινώθη ότι θα συγκροτηθή ειδική επιτροπή διά την μελέτην του ζητήματος εις βάθος και την υποβολήν σχετικού πορίσματος.

Κατά τας πληροφορίας, αι αρμόδιαι υπηρεσίαι προβαίνουν εις τας αναγκαίας ενεργείας διά την ταχείαν διεκπεραίωσιν των εκκρεμοτήτων. Εις την σύσκεψιν μετέσχον εκπρόσωποι των ενδιαφερομένων οργανώσεων, οίτινες εξέθεσαν τας απόψεις των και υπέβαλον σχετικά υπομνήματα. Ο αρμόδιος υπουργός ετόνισεν ότι η κυβέρνησις θα εξετάση μετά προσοχής όλα τα θέματα και θα λάβη τας δεούσας αποφάσεις εντός της προσεχούς εβδομάδος, ώστε να ικανοποιηθούν τα δίκαια αιτήματα. Ωσαύτως ανεκοινώθη ότι θα συγκροτηθή ειδική επιτροπή διά την μελέτην του ζητήματος εις βάθος και την υποβολήν σχετικού πορίσματος.

ΠΝΙΓΜΟΣ ΜΑΘΗΤΟΥ

ΗΡΑΚΛΕΙΟΝ, 9.— Εις την θάλασσαν επνίγη μαθητής.

Κατά τας πληροφορίας, αι αρμόδιαι υπηρεσίαι προβαίνουν εις τας αναγκαίας ενεργείας διά την ταχείαν διεκπεραίωσιν των εκκρεμοτήτων. Εις την σύσκεψιν μετέσχον εκπρόσωποι των ενδιαφερομένων οργανώσεων, οίτινες εξέθεσαν τας απόψεις των και υπέβαλον σχετικά υπομνήματα. Ο αρμόδιος υπουργός ετόνισεν ότι η κυβέρνησις θα εξετάση μετά προσοχής όλα τα θέματα και θα λάβη τας δεούσας αποφάσεις εντός της προσεχούς εβδομάδος, ώστε να ικανοποιηθούν τα δίκαια αιτήματα. Ωσαύτως ανεκοινώθη ότι θα συγκροτηθή ειδική επιτροπή διά την μελέτην του ζητήματος εις βάθος και την υποβολήν σχετικού πορίσματος.

Κατά τας πληροφορίας, αι αρμόδιαι υπηρεσίαι προβαίνουν εις τας αναγκαίας ενεργείας διά την ταχείαν διεκπεραίωσιν των εκκρεμοτήτων. Εις την σύσκεψιν μετέσχον εκπρόσωποι των ενδιαφερομένων οργανώσεων, οίτινες εξέθεσαν τας απόψεις των και υπέβαλον σχετικά υπομνήματα. Ο αρμόδιος υπουργός ετόνισεν ότι η κυβέρνησις θα εξετάση μετά προσοχής όλα τα θέματα και θα λάβη τας δεούσας αποφάσεις εντός της προσεχούς εβδομάδος, ώστε να ικανοποιηθούν τα δίκαια αιτήματα. Ωσαύτως ανεκοινώθη ότι θα συγκροτηθή ειδική επιτροπή διά την μελέτην του ζητήματος εις βάθος και την υποβολήν σχετικού πορίσματος.

ΣΕΙΣΜΟΣ ΕΙΣ ΤΗΝ ΣΥΜΗΝ

ΡΟΔΟΣ, 9.— Εις την νήσον Σύμην εσημειώθη ελαφρός σεισμός.

Κατά τας πληροφορίας, αι αρμόδιαι υπηρεσίαι προβαίνουν εις τας αναγκαίας ενεργείας διά την ταχείαν διεκπεραίωσιν των εκκρεμοτήτων. Εις την σύσκεψιν μετέσχον εκπρόσωποι των ενδιαφερομένων οργανώσεων, οίτινες εξέθεσαν τας απόψεις των και υπέβαλον σχετικά υπομνήματα. Ο αρμόδιος υπουργός ετόνισεν ότι η κυβέρνησις θα εξετάση μετά προσοχής όλα τα θέματα και θα λάβη τας δεούσας αποφάσεις εντός της προσεχούς εβδομάδος, ώστε να ικανοποιηθούν τα δίκαια αιτήματα. Ωσαύτως ανεκοινώθη ότι θα συγκροτηθή ειδική επιτροπή διά την μελέτην του ζητήματος εις βάθος και την υποβολήν σχετικού πορίσματος.

Κατά τας πληροφορίας, αι αρμόδιαι υπηρεσίαι προβαίνουν εις τας αναγκαίας ενεργείας διά την ταχείαν διεκπεραίωσιν των εκκρεμοτήτων. Εις την σύσκεψιν μετέσχον εκπρόσωποι των ενδιαφερομένων οργανώσεων, οίτινες εξέθεσαν τας απόψεις των και υπέβαλον σχετικά υπομνήματα. Ο αρμόδιος υπουργός ετόνισεν ότι η κυβέρνησις θα εξετάση μετά προσοχής όλα τα θέματα και θα λάβη τας δεούσας αποφάσεις εντός της προσεχούς εβδομάδος, ώστε να ικανοποιηθούν τα δίκαια αιτήματα. Ωσαύτως ανεκοινώθη ότι θα συγκροτηθή ειδική επιτροπή διά την μελέτην του ζητήματος εις βάθος και την υποβολήν σχετικού πορίσματος.

Εξετάζονται επ' αυτού μάρτυρες
ΟΙ ΤΡΟΜΟΚΡΑΤΑΙ ΜΕΤΑ ΤΟΝ ΛΑΜΠΡΑΚΗ ΘΑ ΕΞΟΝΤΩΝΑΝ ΤΟΝ ΧΑΤΖΗΑΠΟΣΤΟΛΟΥ;
Κατηγγέλθη εις τον υπουργόν δικαιοσύνης
ότι παρακολουθούνται μάρτυρες κατηγορίας

Μετ' ήν έξέτασιν νέων μαρτύρων, συνεχίζεται ή ανάκρισις διά την υπόθεσιν του Λαμπράκη. Επεβεβαιώθη υπό των μαρτύρων ότι οι τρομοκράται είχον σκοπόν να εξοντώσουν και τον Χατζηαποστόλου.

ΚΑΤΑΓΓΕΛΙΑΙ ΒΟΥΛΕΥΤΩΝ

Κατά τας πληροφορίας, αι αρμόδιαι υπηρεσίαι προβαίνουν εις τας αναγκαίας ενεργείας διά την ταχείαν διεκπεραίωσιν των εκκρεμοτήτων. Εις την σύσκεψιν μετέσχον εκπρόσωποι των ενδιαφερομένων οργανώσεων, οίτινες εξέθεσαν τας απόψεις των και υπέβαλον σχετικά υπομνήματα. Ο αρμόδιος υπουργός ετόνισεν ότι η κυβέρνησις θα εξετάση μετά προσοχής όλα τα θέματα και θα λάβη τας δεούσας αποφάσεις εντός της προσεχούς εβδομάδος, ώστε να ικανοποιηθούν τα δίκαια αιτήματα. Ωσαύτως ανεκοινώθη ότι θα συγκροτηθή ειδική επιτροπή διά την μελέτην του ζητήματος εις βάθος και την υποβολήν σχετικού πορίσματος.

Κατά τας πληροφορίας, αι αρμόδιαι υπηρεσίαι προβαίνουν εις τας αναγκαίας ενεργείας διά την ταχείαν διεκπεραίωσιν των εκκρεμοτήτων. Εις την σύσκεψιν μετέσχον εκπρόσωποι των ενδιαφερομένων οργανώσεων, οίτινες εξέθεσαν τας απόψεις των και υπέβαλον σχετικά υπομνήματα. Ο αρμόδιος υπουργός ετόνισεν ότι η κυβέρνησις θα εξετάση μετά προσοχής όλα τα θέματα και θα λάβη τας δεούσας αποφάσεις εντός της προσεχούς εβδομάδος, ώστε να ικανοποιηθούν τα δίκαια αιτήματα. Ωσαύτως ανεκοινώθη ότι θα συγκροτηθή ειδική επιτροπή διά την μελέτην του ζητήματος εις βάθος και την υποβολήν σχετικού πορίσματος.

Κατά τας πληροφορίας, αι αρμόδιαι υπηρεσίαι προβαίνουν εις τας αναγκαίας ενεργείας διά την ταχείαν διεκπεραίωσιν των εκκρεμοτήτων. Εις την σύσκεψιν μετέσχον εκπρόσωποι των ενδιαφερομένων οργανώσεων, οίτινες εξέθεσαν τας απόψεις των και υπέβαλον σχετικά υπομνήματα. Ο αρμόδιος υπουργός ετόνισεν ότι η κυβέρνησις θα εξετάση μετά προσοχής όλα τα θέματα και θα λάβη τας δεούσας αποφάσεις εντός της προσεχούς εβδομάδος, ώστε να ικανοποιηθούν τα δίκαια αιτήματα. Ωσαύτως ανεκοινώθη ότι θα συγκροτηθή ειδική επιτροπή διά την μελέτην του ζητήματος εις βάθος και την υποβολήν σχετικού πορίσματος.

Ο ΠΡΟΕΔΡΟΣ ΤΟΥ ΟΡΓΑΝΙΣΜΟΥ ΤΟΥΡΙΣΜΟΥ ΔΙΑΨΕΥΔΕΙ ΟΤΙ ΕΜΕΙΩΘΗ Ο ΑΡΙΘΜΟΣ ΤΩΝ ΞΕΝΩΝ ΤΟΥΡΙΣΤΩΝ
ΑΝΤΙΘΕΤΩΣ ΕΣΗΜΕΙΩΘΗ ΣΗΜΑΝΤΙΚΗ ΑΥΞΗΣΙΣ ΑΥΤΩΝ

ΑΘΗΝΑΙ, 9.— Ο πρόεδρος του ΕΟΤ διαψεύδει τας πληροφορίας περί μειώσεως του τουριστικού ρεύματος.

Κατά τας πληροφορίας, αι αρμόδιαι υπηρεσίαι προβαίνουν εις τας αναγκαίας ενεργείας διά την ταχείαν διεκπεραίωσιν των εκκρεμοτήτων. Εις την σύσκεψιν μετέσχον εκπρόσωποι των ενδιαφερομένων οργανώσεων, οίτινες εξέθεσαν τας απόψεις των και υπέβαλον σχετικά υπομνήματα. Ο αρμόδιος υπουργός ετόνισεν ότι η κυβέρνησις θα εξετάση μετά προσοχής όλα τα θέματα και θα λάβη τας δεούσας αποφάσεις εντός της προσεχούς εβδομάδος, ώστε να ικανοποιηθούν τα δίκαια αιτήματα. Ωσαύτως ανεκοινώθη ότι θα συγκροτηθή ειδική επιτροπή διά την μελέτην του ζητήματος εις βάθος και την υποβολήν σχετικού πορίσματος.

Κατά τας πληροφορίας, αι αρμόδιαι υπηρεσίαι προβαίνουν εις τας αναγκαίας ενεργείας διά την ταχείαν διεκπεραίωσιν των εκκρεμοτήτων. Εις την σύσκεψιν μετέσχον εκπρόσωποι των ενδιαφερομένων οργανώσεων, οίτινες εξέθεσαν τας απόψεις των και υπέβαλον σχετικά υπομνήματα. Ο αρμόδιος υπουργός ετόνισεν ότι η κυβέρνησις θα εξετάση μετά προσοχής όλα τα θέματα και θα λάβη τας δεούσας αποφάσεις εντός της προσεχούς εβδομάδος, ώστε να ικανοποιηθούν τα δίκαια αιτήματα. Ωσαύτως ανεκοινώθη ότι θα συγκροτηθή ειδική επιτροπή διά την μελέτην του ζητήματος εις βάθος και την υποβολήν σχετικού πορίσματος.

Κατά τας πληροφορίας, αι αρμόδιαι υπηρεσίαι προβαίνουν εις τας αναγκαίας ενεργείας διά την ταχείαν διεκπεραίωσιν των εκκρεμοτήτων. Εις την σύσκεψιν μετέσχον εκπρόσωποι των ενδιαφερομένων οργανώσεων, οίτινες εξέθεσαν τας απόψεις των και υπέβαλον σχετικά υπομνήματα. Ο αρμόδιος υπουργός ετόνισεν ότι η κυβέρνησις θα εξετάση μετά προσοχής όλα τα θέματα και θα λάβη τας δεούσας αποφάσεις εντός της προσεχούς εβδομάδος, ώστε να ικανοποιηθούν τα δίκαια αιτήματα. Ωσαύτως ανεκοινώθη ότι θα συγκροτηθή ειδική επιτροπή διά την μελέτην του ζητήματος εις βάθος και την υποβολήν σχετικού πορίσματος.

ΑΔΙΚΑΙΟΛΟΓΗΤΟΝ ΘΕΩΡΕΙ ΤΟΝ ΘΟΡΥΒΟΝ ΔΙΑ ΤΟΝ Ο.Γ.Α. Η ΣΥΝΟΜΟΣΠΟΝΔΙΑ ΤΩΝ ΓΕΩΡΓΙΚΩΝ ΣΥΝΕΤΑΙΡΙΣΜΩΝ
ΕΝ ΖΩΗΡΑ ΑΓΑΝΑΚΤΗΣΕΙ ΟΙ ΕΠΑΓΓΕΛΜΑΤΟΒΙΟΤΕΧΝΑΙ

ΑΘΗΝΑΙ, 9.— Η Πανελλήνιος Συνομοσπονδία των Γεωργικών Συνεταιρισμών εξέδωσεν ανακοίνωσιν.

Κατά τας πληροφορίας, αι αρμόδιαι υπηρεσίαι προβαίνουν εις τας αναγκαίας ενεργείας διά την ταχείαν διεκπεραίωσιν των εκκρεμοτήτων. Εις την σύσκεψιν μετέσχον εκπρόσωποι των ενδιαφερομένων οργανώσεων, οίτινες εξέθεσαν τας απόψεις των και υπέβαλον σχετικά υπομνήματα. Ο αρμόδιος υπουργός ετόνισεν ότι η κυβέρνησις θα εξετάση μετά προσοχής όλα τα θέματα και θα λάβη τας δεούσας αποφάσεις εντός της προσεχούς εβδομάδος, ώστε να ικανοποιηθούν τα δίκαια αιτήματα. Ωσαύτως ανεκοινώθη ότι θα συγκροτηθή ειδική επιτροπή διά την μελέτην του ζητήματος εις βάθος και την υποβολήν σχετικού πορίσματος.

Κατά τας πληροφορίας, αι αρμόδιαι υπηρεσίαι προβαίνουν εις τας αναγκαίας ενεργείας διά την ταχείαν διεκπεραίωσιν των εκκρεμοτήτων. Εις την σύσκεψιν μετέσχον εκπρόσωποι των ενδιαφερομένων οργανώσεων, οίτινες εξέθεσαν τας απόψεις των και υπέβαλον σχετικά υπομνήματα. Ο αρμόδιος υπουργός ετόνισεν ότι η κυβέρνησις θα εξετάση μετά προσοχής όλα τα θέματα και θα λάβη τας δεούσας αποφάσεις εντός της προσεχούς εβδομάδος, ώστε να ικανοποιηθούν τα δίκαια αιτήματα. Ωσαύτως ανεκοινώθη ότι θα συγκροτηθή ειδική επιτροπή διά την μελέτην του ζητήματος εις βάθος και την υποβολήν σχετικού πορίσματος.

Κατά τας πληροφορίας, αι αρμόδιαι υπηρεσίαι προβαίνουν εις τας αναγκαίας ενεργείας διά την ταχείαν διεκπεραίωσιν των εκκρεμοτήτων. Εις την σύσκεψιν μετέσχον εκπρόσωποι των ενδιαφερομένων οργανώσεων, οίτινες εξέθεσαν τας απόψεις των και υπέβαλον σχετικά υπομνήματα. Ο αρμόδιος υπουργός ετόνισεν ότι η κυβέρνησις θα εξετάση μετά προσοχής όλα τα θέματα και θα λάβη τας δεούσας αποφάσεις εντός της προσεχούς εβδομάδος, ώστε να ικανοποιηθούν τα δίκαια αιτήματα. Ωσαύτως ανεκοινώθη ότι θα συγκροτηθή ειδική επιτροπή διά την μελέτην του ζητήματος εις βάθος και την υποβολήν σχετικού πορίσματος.

ΕΨΗΦΙΣΘΗ ΥΠΟ ΤΗΣ ΒΟΥΛΗΣ ΤΟ ΝΟΜΟΣΧΕΔΙΟ ΠΕΡΙ ΠΑΡΟΧΗΣ ΔΩΡΟΥ ΕΙΣ ΤΟΥΣ ΟΙΚΟΔΟΜΟΥΣ
ΕΠΕΝΕΒΗ Ο Κ. ΒΕΝΙΖΕΛΟΣ ΔΙΑ ΝΑ ΓΙΝΗ ΔΕΚΤΟΝ

ΑΘΗΝΑΙ, 9.— Η Βουλή εψήφισε χθες το νομοσχέδιον περί παροχής δώρου εις τους οικοδόμους.

Κατά τας πληροφορίας, αι αρμόδιαι υπηρεσίαι προβαίνουν εις τας αναγκαίας ενεργείας διά την ταχείαν διεκπεραίωσιν των εκκρεμοτήτων. Εις την σύσκεψιν μετέσχον εκπρόσωποι των ενδιαφερομένων οργανώσεων, οίτινες εξέθεσαν τας απόψεις των και υπέβαλον σχετικά υπομνήματα. Ο αρμόδιος υπουργός ετόνισεν ότι η κυβέρνησις θα εξετάση μετά προσοχής όλα τα θέματα και θα λάβη τας δεούσας αποφάσεις εντός της προσεχούς εβδομάδος, ώστε να ικανοποιηθούν τα δίκαια αιτήματα. Ωσαύτως ανεκοινώθη ότι θα συγκροτηθή ειδική επιτροπή διά την μελέτην του ζητήματος εις βάθος και την υποβολήν σχετικού πορίσματος.

Κατά τας πληροφορίας, αι αρμόδιαι υπηρεσίαι προβαίνουν εις τας αναγκαίας ενεργείας διά την ταχείαν διεκπεραίωσιν των εκκρεμοτήτων. Εις την σύσκεψιν μετέσχον εκπρόσωποι των ενδιαφερομένων οργανώσεων, οίτινες εξέθεσαν τας απόψεις των και υπέβαλον σχετικά υπομνήματα. Ο αρμόδιος υπουργός ετόνισεν ότι η κυβέρνησις θα εξετάση μετά προσοχής όλα τα θέματα και θα λάβη τας δεούσας αποφάσεις εντός της προσεχούς εβδομάδος, ώστε να ικανοποιηθούν τα δίκαια αιτήματα. Ωσαύτως ανεκοινώθη ότι θα συγκροτηθή ειδική επιτροπή διά την μελέτην του ζητήματος εις βάθος και την υποβολήν σχετικού πορίσματος.

Κατά τας πληροφορίας, αι αρμόδιαι υπηρεσίαι προβαίνουν εις τας αναγκαίας ενεργείας διά την ταχείαν διεκπεραίωσιν των εκκρεμοτήτων. Εις την σύσκεψιν μετέσχον εκπρόσωποι των ενδιαφερομένων οργανώσεων, οίτινες εξέθεσαν τας απόψεις των και υπέβαλον σχετικά υπομνήματα. Ο αρμόδιος υπουργός ετόνισεν ότι η κυβέρνησις θα εξετάση μετά προσοχής όλα τα θέματα και θα λάβη τας δεούσας αποφάσεις εντός της προσεχούς εβδομάδος, ώστε να ικανοποιηθούν τα δίκαια αιτήματα. Ωσαύτως ανεκοινώθη ότι θα συγκροτηθή ειδική επιτροπή διά την μελέτην του ζητήματος εις βάθος και την υποβολήν σχετικού πορίσματος.

ΚΗΔΕΥΕΤΑΙ ΣΗΜΕΡΟΝ ΕΙΣ ΤΗΝ ΒΟΣΤΩΝΗΝ ΤΟ ΝΕΟΓΕΝΝΗΤΟΝ ΤΟΥ ΖΕΥΓΟΥΣ ΚΕΝΝΕΝΤΥ

ΑΕΡΟΠΟΡΙΚΗ ΒΑΣΙΣ ΟΤΙΣ, 9.— Ο πρόεδρος Κέννεντυ θα παραστή εις την κηδείαν του νεογέννητου υιού του.

Κατά τας πληροφορίας, αι αρμόδιαι υπηρεσίαι προβαίνουν εις τας αναγκαίας ενεργείας διά την ταχείαν διεκπεραίωσιν των εκκρεμοτήτων. Εις την σύσκεψιν μετέσχον εκπρόσωποι των ενδιαφερομένων οργανώσεων, οίτινες εξέθεσαν τας απόψεις των και υπέβαλον σχετικά υπομνήματα. Ο αρμόδιος υπουργός ετόνισεν ότι η κυβέρνησις θα εξετάση μετά προσοχής όλα τα θέματα και θα λάβη τας δεούσας αποφάσεις εντός της προσεχούς εβδομάδος, ώστε να ικανοποιηθούν τα δίκαια αιτήματα. Ωσαύτως ανεκοινώθη ότι θα συγκροτηθή ειδική επιτροπή διά την μελέτην του ζητήματος εις βάθος και την υποβολήν σχετικού πορίσματος.

Κατά τας πληροφορίας, αι αρμόδιαι υπηρεσίαι προβαίνουν εις τας αναγκαίας ενεργείας διά την ταχείαν διεκπεραίωσιν των εκκρεμοτήτων. Εις την σύσκεψιν μετέσχον εκπρόσωποι των ενδιαφερομένων οργανώσεων, οίτινες εξέθεσαν τας απόψεις των και υπέβαλον σχετικά υπομνήματα. Ο αρμόδιος υπουργός ετόνισεν ότι η κυβέρνησις θα εξετάση μετά προσοχής όλα τα θέματα και θα λάβη τας δεούσας αποφάσεις εντός της προσεχούς εβδομάδος, ώστε να ικανοποιηθούν τα δίκαια αιτήματα. Ωσαύτως ανεκοινώθη ότι θα συγκροτηθή ειδική επιτροπή διά την μελέτην του ζητήματος εις βάθος και την υποβολήν σχετικού πορίσματος.

Κατά τας πληροφορίας, αι αρμόδιαι υπηρεσίαι προβαίνουν εις τας αναγκαίας ενεργείας διά την ταχείαν διεκπεραίωσιν των εκκρεμοτήτων. Εις την σύσκεψιν μετέσχον εκπρόσωποι των ενδιαφερομένων οργανώσεων, οίτινες εξέθεσαν τας απόψεις των και υπέβαλον σχετικά υπομνήματα. Ο αρμόδιος υπουργός ετόνισεν ότι η κυβέρνησις θα εξετάση μετά προσοχής όλα τα θέματα και θα λάβη τας δεούσας αποφάσεις εντός της προσεχούς εβδομάδος, ώστε να ικανοποιηθούν τα δίκαια αιτήματα. Ωσαύτως ανεκοινώθη ότι θα συγκροτηθή ειδική επιτροπή διά την μελέτην του ζητήματος εις βάθος και την υποβολήν σχετικού πορίσματος.

ΤΟ ΝΑΓΚΑΣΑΚΙ ΕΩΡΤΑΣΕ ΤΗΝ 18ΗΝ ΕΠΕΤΕΙΟΝ ΤΗΣ ΡΙΨΕΩΣ ΤΗΣ ΔΕΥΤΕΡΑΣ ΑΤΟΜΟΒΟΜΒΑΣ

ΝΑΓΚΑΣΑΚΙ, 9.— Η πόλις ετίμησε σήμερον την μνήμην των θυμάτων της ατομικής βόμβας.

Κατά τας πληροφορίας, αι αρμόδιαι υπηρεσίαι προβαίνουν εις τας αναγκαίας ενεργείας διά την ταχείαν διεκπεραίωσιν των εκκρεμοτήτων. Εις την σύσκεψιν μετέσχον εκπρόσωποι των ενδιαφερομένων οργανώσεων, οίτινες εξέθεσαν τας απόψεις των και υπέβαλον σχετικά υπομνήματα. Ο αρμόδιος υπουργός ετόνισεν ότι η κυβέρνησις θα εξετάση μετά προσοχής όλα τα θέματα και θα λάβη τας δεούσας αποφάσεις εντός της προσεχούς εβδομάδος, ώστε να ικανοποιηθούν τα δίκαια αιτήματα. Ωσαύτως ανεκοινώθη ότι θα συγκροτηθή ειδική επιτροπή διά την μελέτην του ζητήματος εις βάθος και την υποβολήν σχετικού πορίσματος.

Κατά τας πληροφορίας, αι αρμόδιαι υπηρεσίαι προβαίνουν εις τας αναγκαίας ενεργείας διά την ταχείαν διεκπεραίωσιν των εκκρεμοτήτων. Εις την σύσκεψιν μετέσχον εκπρόσωποι των ενδιαφερομένων οργανώσεων, οίτινες εξέθεσαν τας απόψεις των και υπέβαλον σχετικά υπομνήματα. Ο αρμόδιος υπουργός ετόνισεν ότι η κυβέρνησις θα εξετάση μετά προσοχής όλα τα θέματα και θα λάβη τας δεούσας αποφάσεις εντός της προσεχούς εβδομάδος, ώστε να ικανοποιηθούν τα δίκαια αιτήματα. Ωσαύτως ανεκοινώθη ότι θα συγκροτηθή ειδική επιτροπή διά την μελέτην του ζητήματος εις βάθος και την υποβολήν σχετικού πορίσματος.

Κατά τας πληροφορίας, αι αρμόδιαι υπηρεσίαι προβαίνουν εις τας αναγκαίας ενεργείας διά την ταχείαν διεκπεραίωσιν των εκκρεμοτήτων. Εις την σύσκεψιν μετέσχον εκπρόσωποι των ενδιαφερομένων οργανώσεων, οίτινες εξέθεσαν τας απόψεις των και υπέβαλον σχετικά υπομνήματα. Ο αρμόδιος υπουργός ετόνισεν ότι η κυβέρνησις θα εξετάση μετά προσοχής όλα τα θέματα και θα λάβη τας δεούσας αποφάσεις εντός της προσεχούς εβδομάδος, ώστε να ικανοποιηθούν τα δίκαια αιτήματα. Ωσαύτως ανεκοινώθη ότι θα συγκροτηθή ειδική επιτροπή διά την μελέτην του ζητήματος εις βάθος και την υποβολήν σχετικού πορίσματος.

Η Ε.Δ.Α. ΔΙΑΜΑΡΤΥΡΕΤΑΙ ΔΙΑ ΤΟΝ ΑΠΟΚΛΕΙΣΜΟΝ ΤΗΣ ΑΠΟ ΤΑΣ ΕΠΑΦΑΣ ΕΝΗΜΕΡΩΣΕΩΣ ΤΟΥ Κ. ΠΙΠΙΝΕΛΗ

ΣΥΝΕΧΕΙΑ ΕΚ ΤΗΣ 1ΗΣ ΣΕΛΙΔΟΣ

Κατά τας πληροφορίας, αι αρμόδιαι υπηρεσίαι προβαίνουν εις τας αναγκαίας ενεργείας διά την ταχείαν διεκπεραίωσιν των εκκρεμοτήτων. Εις την σύσκεψιν μετέσχον εκπρόσωποι των ενδιαφερομένων οργανώσεων, οίτινες εξέθεσαν τας απόψεις των και υπέβαλον σχετικά υπομνήματα. Ο αρμόδιος υπουργός ετόνισεν ότι η κυβέρνησις θα εξετάση μετά προσοχής όλα τα θέματα και θα λάβη τας δεούσας αποφάσεις εντός της προσεχούς εβδομάδος, ώστε να ικανοποιηθούν τα δίκαια αιτήματα. Ωσαύτως ανεκοινώθη ότι θα συγκροτηθή ειδική επιτροπή διά την μελέτην του ζητήματος εις βάθος και την υποβολήν σχετικού πορίσματος.

Κατά τας πληροφορίας, αι αρμόδιαι υπηρεσίαι προβαίνουν εις τας αναγκαίας ενεργείας διά την ταχείαν διεκπεραίωσιν των εκκρεμοτήτων. Εις την σύσκεψιν μετέσχον εκπρόσωποι των ενδιαφερομένων οργανώσεων, οίτινες εξέθεσαν τας απόψεις των και υπέβαλον σχετικά υπομνήματα. Ο αρμόδιος υπουργός ετόνισεν ότι η κυβέρνησις θα εξετάση μετά προσοχής όλα τα θέματα και θα λάβη τας δεούσας αποφάσεις εντός της προσεχούς εβδομάδος, ώστε να ικανοποιηθούν τα δίκαια αιτήματα. Ωσαύτως ανεκοινώθη ότι θα συγκροτηθή ειδική επιτροπή διά την μελέτην του ζητήματος εις βάθος και την υποβολήν σχετικού πορίσματος.

Κατά τας πληροφορίας, αι αρμόδιαι υπηρεσίαι προβαίνουν εις τας αναγκαίας ενεργείας διά την ταχείαν διεκπεραίωσιν των εκκρεμοτήτων. Εις την σύσκεψιν μετέσχον εκπρόσωποι των ενδιαφερομένων οργανώσεων, οίτινες εξέθεσαν τας απόψεις των και υπέβαλον σχετικά υπομνήματα. Ο αρμόδιος υπουργός ετόνισεν ότι η κυβέρνησις θα εξετάση μετά προσοχής όλα τα θέματα και θα λάβη τας δεούσας αποφάσεις εντός της προσεχούς εβδομάδος, ώστε να ικανοποιηθούν τα δίκαια αιτήματα. Ωσαύτως ανεκοινώθη ότι θα συγκροτηθή ειδική επιτροπή διά την μελέτην του ζητήματος εις βάθος και την υποβολήν σχετικού πορίσματος.

ΕΙΣ ΤΡΙΕΤΗ ΦΥΛΑΚΙΣΙΝ ΚΑΤΕΔΙΚΑΣΘΗ Ο ΚΑΤΑΣΚΟΠΟΣ ΤΗΣ ΑΝ. ΓΕΡΜΑΝΙΑΣ

ΚΑΡΛΣΡΟΥΗ, 9.— Το ομοσπονδιακόν δικαστήριον κατεδίκασεν εις τριετή φυλάκισιν κατάσκοπον.

Κατά τας πληροφορίας, αι αρμόδιαι υπηρεσίαι προβαίνουν εις τας αναγκαίας ενεργείας διά την ταχείαν διεκπεραίωσιν των εκκρεμοτήτων. Εις την σύσκεψιν μετέσχον εκπρόσωποι των ενδιαφερομένων οργανώσεων, οίτινες εξέθεσαν τας απόψεις των και υπέβαλον σχετικά υπομνήματα. Ο αρμόδιος υπουργός ετόνισεν ότι η κυβέρνησις θα εξετάση μετά προσοχής όλα τα θέματα και θα λάβη τας δεούσας αποφάσεις εντός της προσεχούς εβδομάδος, ώστε να ικανοποιηθούν τα δίκαια αιτήματα. Ωσαύτως ανεκοινώθη ότι θα συγκροτηθή ειδική επιτροπή διά την μελέτην του ζητήματος εις βάθος και την υποβολήν σχετικού πορίσματος.

Κατά τας πληροφορίας, αι αρμόδιαι υπηρεσίαι προβαίνουν εις τας αναγκαίας ενεργείας διά την ταχείαν διεκπεραίωσιν των εκκρεμοτήτων. Εις την σύσκεψιν μετέσχον εκπρόσωποι των ενδιαφερομένων οργανώσεων, οίτινες εξέθεσαν τας απόψεις των και υπέβαλον σχετικά υπομνήματα. Ο αρμόδιος υπουργός ετόνισεν ότι η κυβέρνησις θα εξετάση μετά προσοχής όλα τα θέματα και θα λάβη τας δεούσας αποφάσεις εντός της προσεχούς εβδομάδος, ώστε να ικανοποιηθούν τα δίκαια αιτήματα. Ωσαύτως ανεκοινώθη ότι θα συγκροτηθή ειδική επιτροπή διά την μελέτην του ζητήματος εις βάθος και την υποβολήν σχετικού πορίσματος.

ΤΟ ΜΠΟΥΧΕΝΒΑΛΝΤ ΜΕΤΕΒΛΗΘΗ ΕΙΣ ΚΕΝΤΡΟΝ ΑΝΤΙΔΥΤΙΚΗΣ ΠΡΟΠΑΓΑΝΔΑΣ

ΒΑΙΜΑΡΗ, 9.— Το πρώην στρατόπεδον συγκεντρώσεως μετεβλήθη εις κέντρον προπαγάνδας.

Κατά τας πληροφορίας, αι αρμόδιαι υπηρεσίαι προβαίνουν εις τας αναγκαίας ενεργείας διά την ταχείαν διεκπεραίωσιν των εκκρεμοτήτων. Εις την σύσκεψιν μετέσχον εκπρόσωποι των ενδιαφερομένων οργανώσεων, οίτινες εξέθεσαν τας απόψεις των και υπέβαλον σχετικά υπομνήματα. Ο αρμόδιος υπουργός ετόνισεν ότι η κυβέρνησις θα εξετάση μετά προσοχής όλα τα θέματα και θα λάβη τας δεούσας αποφάσεις εντός της προσεχούς εβδομάδος, ώστε να ικανοποιηθούν τα δίκαια αιτήματα. Ωσαύτως ανεκοινώθη ότι θα συγκροτηθή ειδική επιτροπή διά την μελέτην του ζητήματος εις βάθος και την υποβολήν σχετικού πορίσματος.

Κατά τας πληροφορίας, αι αρμόδιαι υπηρεσίαι προβαίνουν εις τας αναγκαίας ενεργείας διά την ταχείαν διεκπεραίωσιν των εκκρεμοτήτων. Εις την σύσκεψιν μετέσχον εκπρόσωποι των ενδιαφερομένων οργανώσεων, οίτινες εξέθεσαν τας απόψεις των και υπέβαλον σχετικά υπομνήματα. Ο αρμόδιος υπουργός ετόνισεν ότι η κυβέρνησις θα εξετάση μετά προσοχής όλα τα θέματα και θα λάβη τας δεούσας αποφάσεις εντός της προσεχούς εβδομάδος, ώστε να ικανοποιηθούν τα δίκαια αιτήματα. Ωσαύτως ανεκοινώθη ότι θα συγκροτηθή ειδική επιτροπή διά την μελέτην του ζητήματος εις βάθος και την υποβολήν σχετικού πορίσματος.

ΓΝΩΣΤΟΤΑΤΟΙ ΗΘΟΠΟΙΟΙ ΘΑ ΜΕΤΑΣΧΟΥΝ ΤΗΣ ΑΝΤΙΦΥΛΕΤΙΚΗΣ ΠΟΡΕΙΑΣ

ΧΟΛΛΥΓΟΥΝΤ, 9.— Γνωστοί ηθοποιοί θα λάβουν μέρος εις την πορείαν εν Ουασιγκτώνι.

Κατά τας πληροφορίας, αι αρμόδιαι υπηρεσίαι προβαίνουν εις τας αναγκαίας ενεργείας διά την ταχείαν διεκπεραίωσιν των εκκρεμοτήτων. Εις την σύσκεψιν μετέσχον εκπρόσωποι των ενδιαφερομένων οργανώσεων, οίτινες εξέθεσαν τας απόψεις των και υπέβαλον σχετικά υπομνήματα. Ο αρμόδιος υπουργός ετόνισεν ότι η κυβέρνησις θα εξετάση μετά προσοχής όλα τα θέματα και θα λάβη τας δεούσας αποφάσεις εντός της προσεχούς εβδομάδος, ώστε να ικανοποιηθούν τα δίκαια αιτήματα. Ωσαύτως ανεκοινώθη ότι θα συγκροτηθή ειδική επιτροπή διά την μελέτην του ζητήματος εις βάθος και την υποβολήν σχετικού πορίσματος.

Κατά τας πληροφορίας, αι αρμόδιαι υπηρεσίαι προβαίνουν εις τας αναγκαίας ενεργείας διά την ταχείαν διεκπεραίωσιν των εκκρεμοτήτων. Εις την σύσκεψιν μετέσχον εκπρόσωποι των ενδιαφερομένων οργανώσεων, οίτινες εξέθεσαν τας απόψεις των και υπέβαλον σχετικά υπομνήματα. Ο αρμόδιος υπουργός ετόνισεν ότι η κυβέρνησις θα εξετάση μετά προσοχής όλα τα θέματα και θα λάβη τας δεούσας αποφάσεις εντός της προσεχούς εβδομάδος, ώστε να ικανοποιηθούν τα δίκαια αιτήματα. Ωσαύτως ανεκοινώθη ότι θα συγκροτηθή ειδική επιτροπή διά την μελέτην του ζητήματος εις βάθος και την υποβολήν σχετικού πορίσματος.

ΝΕΟΝ ΔΗΜΟΣΙΟΝΟΜΙΚΟΝ ΚΑΘΕΣΤΩΣ ΕΙΣ ΤΟ ΜΟΝΑΚΟ

ΜΟΝΤΕ ΚΑΡΛΟ, 9.— Το εθνικόν συμβούλιον του Μονακό ενέκρινε νέον δημοσιονομικόν καθεστώς.

Κατά τας πληροφορίας, αι αρμόδιαι υπηρεσίαι προβαίνουν εις τας αναγκαίας ενεργείας διά την ταχείαν διεκπεραίωσιν των εκκρεμοτήτων. Εις την σύσκεψιν μετέσχον εκπρόσωποι των ενδιαφερομένων οργανώσεων, οίτινες εξέθεσαν τας απόψεις των και υπέβαλον σχετικά υπομνήματα. Ο αρμόδιος υπουργός ετόνισεν ότι η κυβέρνησις θα εξετάση μετά προσοχής όλα τα θέματα και θα λάβη τας δεούσας αποφάσεις εντός της προσεχούς εβδομάδος, ώστε να ικανοποιηθούν τα δίκαια αιτήματα. Ωσαύτως ανεκοινώθη ότι θα συγκροτηθή ειδική επιτροπή διά την μελέτην του ζητήματος εις βάθος και την υποβολήν σχετικού πορίσματος.

Κατά τας πληροφορίας, αι αρμόδιαι υπηρεσίαι προβαίνουν εις τας αναγκαίας ενεργείας διά την ταχείαν διεκπεραίωσιν των εκκρεμοτήτων. Εις την σύσκεψιν μετέσχον εκπρόσωποι των ενδιαφερομένων οργανώσεων, οίτινες εξέθεσαν τας απόψεις των και υπέβαλον σχετικά υπομνήματα. Ο αρμόδιος υπουργός ετόνισεν ότι η κυβέρνησις θα εξετάση μετά προσοχής όλα τα θέματα και θα λάβη τας δεούσας αποφάσεις εντός της προσεχούς εβδομάδος, ώστε να ικανοποιηθούν τα δίκαια αιτήματα. Ωσαύτως ανεκοινώθη ότι θα συγκροτηθή ειδική επιτροπή διά την μελέτην του ζητήματος εις βάθος και την υποβολήν σχετικού πορίσματος.

ΤΕΣΣΑΡΕΣ ΑΓΓΛΟΙ ΕΦΟΝΕΥΘΗΣΑΝ ΕΙΣ ΤΗΝ ΒΟΡΝΕΟ

ΣΙΓΚΑΠΟΥΡΗ, 9.— Τέσσαρες Άγγλοι εφονεύθησαν εις ενέδραν εν Βόρνεο.

Κατά τας πληροφορίας, αι αρμόδιαι υπηρεσίαι προβαίνουν εις τας αναγκαίας ενεργείας διά την ταχείαν διεκπεραίωσιν των εκκρεμοτήτων. Εις την σύσκεψιν μετέσχον εκπρόσωποι των ενδιαφερομένων οργανώσεων, οίτινες εξέθεσαν τας απόψεις των και υπέβαλον σχετικά υπομνήματα. Ο αρμόδιος υπουργός ετόνισεν ότι η κυβέρνησις θα εξετάση μετά προσοχής όλα τα θέματα και θα λάβη τας δεούσας αποφάσεις εντός της προσεχούς εβδομάδος, ώστε να ικανοποιηθούν τα δίκαια αιτήματα. Ωσαύτως ανεκοινώθη ότι θα συγκροτηθή ειδική επιτροπή διά την μελέτην του ζητήματος εις βάθος και την υποβολήν σχετικού πορίσματος.

Κατά τας πληροφορίας, αι αρμόδιαι υπηρεσίαι προβαίνουν εις τας αναγκαίας ενεργείας διά την ταχείαν διεκπεραίωσιν των εκκρεμοτήτων. Εις την σύσκεψιν μετέσχον εκπρόσωποι των ενδιαφερομένων οργανώσεων, οίτινες εξέθεσαν τας απόψεις των και υπέβαλον σχετικά υπομνήματα. Ο αρμόδιος υπουργός ετόνισεν ότι η κυβέρνησις θα εξετάση μετά προσοχής όλα τα θέματα και θα λάβη τας δεούσας αποφάσεις εντός της προσεχούς εβδομάδος, ώστε να ικανοποιηθούν τα δίκαια αιτήματα. Ωσαύτως ανεκοινώθη ότι θα συγκροτηθή ειδική επιτροπή διά την μελέτην του ζητήματος εις βάθος και την υποβολήν σχετικού πορίσματος.

ΜΕΤΡΑ ΤΗΣ Η.Α.Δ. ΚΑΤΑ ΤΗΣ ΝΟΤΙΟΥ ΑΦΡΙΚΗΣ

ΚΑΙΡΟΝ, 9.— Η Ηνωμένη Αραβική Δημοκρατία έλαβε μέτρα κατά της Νοτίου Αφρικής.

Κατά τας πληροφορίας, αι αρμόδιαι υπηρεσίαι προβαίνουν εις τας αναγκαίας ενεργείας διά την ταχείαν διεκπεραίωσιν των εκκρεμοτήτων. Εις την σύσκεψιν μετέσχον εκπρόσωποι των ενδιαφερομένων οργανώσεων, οίτινες εξέθεσαν τας απόψεις των και υπέβαλον σχετικά υπομνήματα. Ο αρμόδιος υπουργός ετόνισεν ότι η κυβέρνησις θα εξετάση μετά προσοχής όλα τα θέματα και θα λάβη τας δεούσας αποφάσεις εντός της προσεχούς εβδομάδος, ώστε να ικανοποιηθούν τα δίκαια αιτήματα. Ωσαύτως ανεκοινώθη ότι θα συγκροτηθή ειδική επιτροπή διά την μελέτην του ζητήματος εις βάθος και την υποβολήν σχετικού πορίσματος.

Κατά τας πληροφορίας, αι αρμόδιαι υπηρεσίαι προβαίνουν εις τας αναγκαίας ενεργείας διά την ταχείαν διεκπεραίωσιν των εκκρεμοτήτων. Εις την σύσκεψιν μετέσχον εκπρόσωποι των ενδιαφερομένων οργανώσεων, οίτινες εξέθεσαν τας απόψεις των και υπέβαλον σχετικά υπομνήματα. Ο αρμόδιος υπουργός ετόνισεν ότι η κυβέρνησις θα εξετάση μετά προσοχής όλα τα θέματα και θα λάβη τας δεούσας αποφάσεις εντός της προσεχούς εβδομάδος, ώστε να ικανοποιηθούν τα δίκαια αιτήματα. Ωσαύτως ανεκοινώθη ότι θα συγκροτηθή ειδική επιτροπή διά την μελέτην του ζητήματος εις βάθος και την υποβολήν σχετικού πορίσματος.

Η ΚΟΥΚΛΙΤΣΑ ΒΟΡΓΙΑ ΤΟΥ ΝΟΤΙΟΥ ΒΙΕΤΝΑΜ

ΝΕΑ ΥΟΡΚΗ, 9.— Η εφημερίς δημοσιεύει εκτενές άρθρον.

Κατά τας πληροφορίας, αι αρμόδιαι υπηρεσίαι προβαίνουν εις τας αναγκαίας ενεργείας διά την ταχείαν διεκπεραίωσιν των εκκρεμοτήτων. Εις την σύσκεψιν μετέσχον εκπρόσωποι των ενδιαφερομένων οργανώσεων, οίτινες εξέθεσαν τας απόψεις των και υπέβαλον σχετικά υπομνήματα. Ο αρμόδιος υπουργός ετόνισεν ότι η κυβέρνησις θα εξετάση μετά προσοχής όλα τα θέματα και θα λάβη τας δεούσας αποφάσεις εντός της προσεχούς εβδομάδος, ώστε να ικανοποιηθούν τα δίκαια αιτήματα. Ωσαύτως ανεκοινώθη ότι θα συγκροτηθή ειδική επιτροπή διά την μελέτην του ζητήματος εις βάθος και την υποβολήν σχετικού πορίσματος.

Κατά τας πληροφορίας, αι αρμόδιαι υπηρεσίαι προβαίνουν εις τας αναγκαίας ενεργείας διά την ταχείαν διεκπεραίωσιν των εκκρεμοτήτων. Εις την σύσκεψιν μετέσχον εκπρόσωποι των ενδιαφερομένων οργανώσεων, οίτινες εξέθεσαν τας απόψεις των και υπέβαλον σχετικά υπομνήματα. Ο αρμόδιος υπουργός ετόνισεν ότι η κυβέρνησις θα εξετάση μετά προσοχής όλα τα θέματα και θα λάβη τας δεούσας αποφάσεις εντός της προσεχούς εβδομάδος, ώστε να ικανοποιηθούν τα δίκαια αιτήματα. Ωσαύτως ανεκοινώθη ότι θα συγκροτηθή ειδική επιτροπή διά την μελέτην του ζητήματος εις βάθος και την υποβολήν σχετικού πορίσματος.

ΣΥΛΛΗΨΕΙΣ ΠΟΛΙΤΙΚΩΝ ΕΙΣ ΤΗΝ ΡΑΓΚΟΥΝ

ΡΑΓΚΟΥΝ, 9.— Αι αρχαί προέβησαν εις συλλήψεις πολιτικών.

Κατά τας πληροφορίας, αι αρμόδιαι υπηρεσίαι προβαίνουν εις τας αναγκαίας ενεργείας διά την ταχείαν διεκπεραίωσιν των εκκρεμοτήτων. Εις την σύσκεψιν μετέσχον εκπρόσωποι των ενδιαφερομένων οργανώσεων, οίτινες εξέθεσαν τας απόψεις των και υπέβαλον σχετικά υπομνήματα. Ο αρμόδιος υπουργός ετόνισεν ότι η κυβέρνησις θα εξετάση μετά προσοχής όλα τα θέματα και θα λάβη τας δεούσας αποφάσεις εντός της προσεχούς εβδομάδος, ώστε να ικανοποιηθούν τα δίκαια αιτήματα. Ωσαύτως ανεκοινώθη ότι θα συγκροτηθή ειδική επιτροπή διά την μελέτην του ζητήματος εις βάθος και την υποβολήν σχετικού πορίσματος.

Κατά τας πληροφορίας, αι αρμόδιαι υπηρεσίαι προβαίνουν εις τας αναγκαίας ενεργείας διά την ταχείαν διεκπεραίωσιν των εκκρεμοτήτων. Εις την σύσκεψιν μετέσχον εκπρόσωποι των ενδιαφερομένων οργανώσεων, οίτινες εξέθεσαν τας απόψεις των και υπέβαλον σχετικά υπομνήματα. Ο αρμόδιος υπουργός ετόνισεν ότι η κυβέρνησις θα εξετάση μετά προσοχής όλα τα θέματα και θα λάβη τας δεούσας αποφάσεις εντός της προσεχούς εβδομάδος, ώστε να ικανοποιηθούν τα δίκαια αιτήματα. Ωσαύτως ανεκοινώθη ότι θα συγκροτηθή ειδική επιτροπή διά την μελέτην του ζητήματος εις βάθος και την υποβολήν σχετικού πορίσματος.

Ο Κ. ΣΠΑΑΚ ΘΑ ΜΕΤΑΒΗ ΕΙΣ ΤΗΝ ΑΓΚΥΡΑΝ

ΒΡΥΞΕΛΛΑΙ, 9.— Ο υπουργός Εξωτερικών του Βελγίου θα μεταβή εις την Άγκυραν.

Κατά τας πληροφορίας, αι αρμόδιαι υπηρεσίαι προβαίνουν εις τας αναγκαίας ενεργείας διά την ταχείαν διεκπεραίωσιν των εκκρεμοτήτων. Εις την σύσκεψιν μετέσχον εκπρόσωποι των ενδιαφερομένων οργανώσεων, οίτινες εξέθεσαν τας απόψεις των και υπέβαλον σχετικά υπομνήματα. Ο αρμόδιος υπουργός ετόνισεν ότι η κυβέρνησις θα εξετάση μετά προσοχής όλα τα θέματα και θα λάβη τας δεούσας αποφάσεις εντός της προσεχούς εβδομάδος, ώστε να ικανοποιηθούν τα δίκαια αιτήματα. Ωσαύτως ανεκοινώθη ότι θα συγκροτηθή ειδική επιτροπή διά την μελέτην του ζητήματος εις βάθος και την υποβολήν σχετικού πορίσματος.

Κατά τας πληροφορίας, αι αρμόδιαι υπηρεσίαι προβαίνουν εις τας αναγκαίας ενεργείας διά την ταχείαν διεκπεραίωσιν των εκκρεμοτήτων. Εις την σύσκεψιν μετέσχον εκπρόσωποι των ενδιαφερομένων οργανώσεων, οίτινες εξέθεσαν τας απόψεις των και υπέβαλον σχετικά υπομνήματα. Ο αρμόδιος υπουργός ετόνισεν ότι η κυβέρνησις θα εξετάση μετά προσοχής όλα τα θέματα και θα λάβη τας δεούσας αποφάσεις εντός της προσεχούς εβδομάδος, ώστε να ικανοποιηθούν τα δίκαια αιτήματα. Ωσαύτως ανεκοινώθη ότι θα συγκροτηθή ειδική επιτροπή διά την μελέτην του ζητήματος εις βάθος και την υποβολήν σχετικού πορίσματος.

ΛΙΜΟΣ ΑΠΕΙΛΕΙ ΤΗΝ ΝΗΣΟΝ ΜΠΑΛΙ

ΤΖΑΚΑΡΤΑ, 9.— Λιμός απειλεί τους κατοίκους της νήσου Μπάλι.

Κατά τας πληροφορίας, αι αρμόδιαι υπηρεσίαι προβαίνουν εις τας αναγκαίας ενεργείας διά την ταχείαν διεκπεραίωσιν των εκκρεμοτήτων. Εις την σύσκεψιν μετέσχον εκπρόσωποι των ενδιαφερομένων οργανώσεων, οίτινες εξέθεσαν τας απόψεις των και υπέβαλον σχετικά υπομνήματα. Ο αρμόδιος υπουργός ετόνισεν ότι η κυβέρνησις θα εξετάση μετά προσοχής όλα τα θέματα και θα λάβη τας δεούσας αποφάσεις εντός της προσεχούς εβδομάδος, ώστε να ικανοποιηθούν τα δίκαια αιτήματα. Ωσαύτως ανεκοινώθη ότι θα συγκροτηθή ειδική επιτροπή διά την μελέτην του ζητήματος εις βάθος και την υποβολήν σχετικού πορίσματος.

Κατά τας πληροφορίας, αι αρμόδιαι υπηρεσίαι προβαίνουν εις τας αναγκαίας ενεργείας διά την ταχείαν διεκπεραίωσιν των εκκρεμοτήτων. Εις την σύσκεψιν μετέσχον εκπρόσωποι των ενδιαφερομένων οργανώσεων, οίτινες εξέθεσαν τας απόψεις των και υπέβαλον σχετικά υπομνήματα. Ο αρμόδιος υπουργός ετόνισεν ότι η κυβέρνησις θα εξετάση μετά προσοχής όλα τα θέματα και θα λάβη τας δεούσας αποφάσεις εντός της προσεχούς εβδομάδος, ώστε να ικανοποιηθούν τα δίκαια αιτήματα. Ωσαύτως ανεκοινώθη ότι θα συγκροτηθή ειδική επιτροπή διά την μελέτην του ζητήματος εις βάθος και την υποβολήν σχετικού πορίσματος.

Η ΕΛΛΗΝΟΠΟΛΩΝΙΚΗ ΕΜΠΟΡΙΚΗ ΣΥΜΦΩΝΙΑ

ΑΘΗΝΑΙ, 9.— Την 16ην Σεπτεμβρίου θα υπογραφή η εμπορική συμφωνία.

Κατά τας πληροφορίας, αι αρμόδιαι υπηρεσίαι προβαίνουν εις τας αναγκαίας ενεργείας διά την ταχείαν διεκπεραίωσιν των εκκρεμοτήτων. Εις την σύσκεψιν μετέσχον εκπρόσωποι των ενδιαφερομένων οργανώσεων, οίτινες εξέθεσαν τας απόψεις των και υπέβαλον σχετικά υπομνήματα. Ο αρμόδιος υπουργός ετόνισεν ότι η κυβέρνησις θα εξετάση μετά προσοχής όλα τα θέματα και θα λάβη τας δεούσας αποφάσεις εντός της προσεχούς εβδομάδος, ώστε να ικανοποιηθούν τα δίκαια αιτήματα. Ωσαύτως ανεκοινώθη ότι θα συγκροτηθή ειδική επιτροπή διά την μελέτην του ζητήματος εις βάθος και την υποβολήν σχετικού πορίσματος.

Κατά τας πληροφορίας, αι αρμόδιαι υπηρεσίαι προβαίνουν εις τας αναγκαίας ενεργείας διά την ταχείαν διεκπεραίωσιν των εκκρεμοτήτων. Εις την σύσκεψιν μετέσχον εκπρόσωποι των ενδιαφερομένων οργανώσεων, οίτινες εξέθεσαν τας απόψεις των και υπέβαλον σχετικά υπομνήματα. Ο αρμόδιος υπουργός ετόνισεν ότι η κυβέρνησις θα εξετάση μετά προσοχής όλα τα θέματα και θα λάβη τας δεούσας αποφάσεις εντός της προσεχούς εβδομάδος, ώστε να ικανοποιηθούν τα δίκαια αιτήματα. Ωσαύτως ανεκοινώθη ότι θα συγκροτηθή ειδική επιτροπή διά την μελέτην του ζητήματος εις βάθος και την υποβολήν σχετικού πορίσματος.

Η ΕΛΛΑΣ ΕΙΣ ΤΟ ΔΙΕΘΝΕΣ ΣΥΝΕΔΡΙΟΝ ΤΟΥΡΙΣΜΟΥ

ΑΘΗΝΑΙ, 9.— Η Ελλάς θα μετάσχη του διεθνούς συνεδρίου τουρισμού.

Κατά τας πληροφορίας, αι αρμόδιαι υπηρεσίαι προβαίνουν εις τας αναγκαίας ενεργείας διά την ταχείαν διεκπεραίωσιν των εκκρεμοτήτων. Εις την σύσκεψιν μετέσχον εκπρόσωποι των ενδιαφερομένων οργανώσεων, οίτινες εξέθεσαν τας απόψεις των και υπέβαλον σχετικά υπομνήματα. Ο αρμόδιος υπουργός ετόνισεν ότι η κυβέρνησις θα εξετάση μετά προσοχής όλα τα θέματα και θα λάβη τας δεούσας αποφάσεις εντός της προσεχούς εβδομάδος, ώστε να ικανοποιηθούν τα δίκαια αιτήματα. Ωσαύτως ανεκοινώθη ότι θα συγκροτηθή ειδική επιτροπή διά την μελέτην του ζητήματος εις βάθος και την υποβολήν σχετικού πορίσματος.

Κατά τας πληροφορίας, αι αρμόδιαι υπηρεσίαι προβαίνουν εις τας αναγκαίας ενεργείας διά την ταχείαν διεκπεραίωσιν των εκκρεμοτήτων. Εις την σύσκεψιν μετέσχον εκπρόσωποι των ενδιαφερομένων οργανώσεων, οίτινες εξέθεσαν τας απόψεις των και υπέβαλον σχετικά υπομνήματα. Ο αρμόδιος υπουργός ετόνισεν ότι η κυβέρνησις θα εξετάση μετά προσοχής όλα τα θέματα και θα λάβη τας δεούσας αποφάσεις εντός της προσεχούς εβδομάδος, ώστε να ικανοποιηθούν τα δίκαια αιτήματα. Ωσαύτως ανεκοινώθη ότι θα συγκροτηθή ειδική επιτροπή διά την μελέτην του ζητήματος εις βάθος και την υποβολήν σχετικού πορίσματος.

Ο ΥΠΟΥΡΓΟΣ ΔΗΜ. ΕΡΓΩΝ ΕΙΣ ΗΠΕΙΡΟΝ ΚΑΙ ΚΑΡΔΙΤΣΑΝ

ΑΘΗΝΑΙ, 9.— Ο υπουργός Δημοσίων Έργων θα περιοδεύση την Ήπειρον.

Κατά τας πληροφορίας, αι αρμόδιαι υπηρεσίαι προβαίνουν εις τας αναγκαίας ενεργείας διά την ταχείαν διεκπεραίωσιν των εκκρεμοτήτων. Εις την σύσκεψιν μετέσχον εκπρόσωποι των ενδιαφερομένων οργανώσεων, οίτινες εξέθεσαν τας απόψεις των και υπέβαλον σχετικά υπομνήματα. Ο αρμόδιος υπουργός ετόνισεν ότι η κυβέρνησις θα εξετάση μετά προσοχής όλα τα θέματα και θα λάβη τας δεούσας αποφάσεις εντός της προσεχούς εβδομάδος, ώστε να ικανοποιηθούν τα δίκαια αιτήματα. Ωσαύτως ανεκοινώθη ότι θα συγκροτηθή ειδική επιτροπή διά την μελέτην του ζητήματος εις βάθος και την υποβολήν σχετικού πορίσματος.

Κατά τας πληροφορίας, αι αρμόδιαι υπηρεσίαι προβαίνουν εις τας αναγκαίας ενεργείας διά την ταχείαν διεκπεραίωσιν των εκκρεμοτήτων. Εις την σύσκεψιν μετέσχον εκπρόσωποι των ενδιαφερομένων οργανώσεων, οίτινες εξέθεσαν τας απόψεις των και υπέβαλον σχετικά υπομνήματα. Ο αρμόδιος υπουργός ετόνισεν ότι η κυβέρνησις θα εξετάση μετά προσοχής όλα τα θέματα και θα λάβη τας δεούσας αποφάσεις εντός της προσεχούς εβδομάδος, ώστε να ικανοποιηθούν τα δίκαια αιτήματα. Ωσαύτως ανεκοινώθη ότι θα συγκροτηθή ειδική επιτροπή διά την μελέτην του ζητήματος εις βάθος και την υποβολήν σχετικού πορίσματος.

Ο Κ. ΦΡΑΓΚΙΣΤΑΣ ΕΙΣ ΑΘΗΝΑΣ

Θα αφιχθή αύριον εις Αθήνας.

Κατά τας πληροφορίας, αι αρμόδιαι υπηρεσίαι προβαίνουν εις τας αναγκαίας ενεργείας διά την ταχείαν διεκπεραίωσιν των εκκρεμοτήτων. Εις την σύσκεψιν μετέσχον εκπρόσωποι των ενδιαφερομένων οργανώσεων, οίτινες εξέθεσαν τας απόψεις των και υπέβαλον σχετικά υπομνήματα. Ο αρμόδιος υπουργός ετόνισεν ότι η κυβέρνησις θα εξετάση μετά προσοχής όλα τα θέματα και θα λάβη τας δεούσας αποφάσεις εντός της προσεχούς εβδομάδος, ώστε να ικανοποιηθούν τα δίκαια αιτήματα. Ωσαύτως ανεκοινώθη ότι θα συγκροτηθή ειδική επιτροπή διά την μελέτην του ζητήματος εις βάθος και την υποβολήν σχετικού πορίσματος.

Κατά τας πληροφορίας, αι αρμόδιαι υπηρεσίαι προβαίνουν εις τας αναγκαίας ενεργείας διά την ταχείαν διεκπεραίωσιν των εκκρεμοτήτων. Εις την σύσκεψιν μετέσχον εκπρόσωποι των ενδιαφερομένων οργανώσεων, οίτινες εξέθεσαν τας απόψεις των και υπέβαλον σχετικά υπομνήματα. Ο αρμόδιος υπουργός ετόνισεν ότι η κυβέρνησις θα εξετάση μετά προσοχής όλα τα θέματα και θα λάβη τας δεούσας αποφάσεις εντός της προσεχούς εβδομάδος, ώστε να ικανοποιηθούν τα δίκαια αιτήματα. Ωσαύτως ανεκοινώθη ότι θα συγκροτηθή ειδική επιτροπή διά την μελέτην του ζητήματος εις βάθος και την υποβολήν σχετικού πορίσματος.

ΑΝΤΙ 1.000 ΛΙΡΩΝ ΔΕΧΟΝΤΑΙ ΟΙ ΝΙΓΗΡΕΣ ΒΡΟΧΟΠΟΙΟΙ ΝΑ ΑΠΟΜΑΚΡΥΝΟΥΝ ΠΑΝΤΑ ΚΙΝΔΥΝΟΝ ΒΡΟΧΗΣ ΚΑΤΑ ΤΟΝ ΣΗΜΕΡΙΝΟΝ ΜΕΓΑΛΟΝ ΠΥΓΜΑΧΙΚΟΝ ΑΓΩΝΑ

ΛΑΓΚΟΣ, 9.— Οι βροχοποιοί της Νιγηρίας υπόσχονται ότι δεν θα βρέξη κατά τον αγώνα.

Κατά τας πληροφορίας, αι αρμόδιαι υπηρεσίαι προβαίνουν εις τας αναγκαίας ενεργείας διά την ταχείαν διεκπεραίωσιν των εκκρεμοτήτων. Εις την σύσκεψιν μετέσχον εκπρόσωποι των ενδιαφερομένων οργανώσεων, οίτινες εξέθεσαν τας απόψεις των και υπέβαλον σχετικά υπομνήματα. Ο αρμόδιος υπουργός ετόνισεν ότι η κυβέρνησις θα εξετάση μετά προσοχής όλα τα θέματα και θα λάβη τας δεούσας αποφάσεις εντός της προσεχούς εβδομάδος, ώστε να ικανοποιηθούν τα δίκαια αιτήματα. Ωσαύτως ανεκοινώθη ότι θα συγκροτηθή ειδική επιτροπή διά την μελέτην του ζητήματος εις βάθος και την υποβολήν σχετικού πορίσματος.

Κατά τας πληροφορίας, αι αρμόδιαι υπηρεσίαι προβαίνουν εις τας αναγκαίας ενεργείας διά την ταχείαν διεκπεραίωσιν των εκκρεμοτήτων. Εις την σύσκεψιν μετέσχον εκπρόσωποι των ενδιαφερομένων οργανώσεων, οίτινες εξέθεσαν τας απόψεις των και υπέβαλον σχετικά υπομνήματα. Ο αρμόδιος υπουργός ετόνισεν ότι η κυβέρνησις θα εξετάση μετά προσοχής όλα τα θέματα και θα λάβη τας δεούσας αποφάσεις εντός της προσεχούς εβδομάδος, ώστε να ικανοποιηθούν τα δίκαια αιτήματα. Ωσαύτως ανεκοινώθη ότι θα συγκροτηθή ειδική επιτροπή διά την μελέτην του ζητήματος εις βάθος και την υποβολήν σχετικού πορίσματος.

Η ΣΟΒ. ΡΩΣΣΙΑ ΘΑ ΔΕΧΘΗ ΤΗΝ ΤΡΟΠΟΠΟΙΗΣΙΝ ΤΟΥ ΚΑΤΑΣΤΑΤΙΚΟΥ ΧΑΡΤΟΥ ΤΟΥ Ο.Η.Ε. ΜΟΝΟΝ ΑΝ ΓΙΝΗ ΜΕΛΟΣ ΑΥΤΟΥ ΚΑΙ Η ΚΙΝΑ

ΗΝΩΜΕΝΑ ΕΘΝΗ, 9.— Ο αντιπρόσωπος της Σοβιετικής Ενώσεως εδήλωσεν ότι η χώρα του θα δεχθή την τροποποίησιν.

Κατά τας πληροφορίας, αι αρμόδιαι υπηρεσίαι προβαίνουν εις τας αναγκαίας ενεργείας διά την ταχείαν διεκπεραίωσιν των εκκρεμοτήτων. Εις την σύσκεψιν μετέσχον εκπρόσωποι των ενδιαφερομένων οργανώσεων, οίτινες εξέθεσαν τας απόψεις των και υπέβαλον σχετικά υπομνήματα. Ο αρμόδιος υπουργός ετόνισεν ότι η κυβέρνησις θα εξετάση μετά προσοχής όλα τα θέματα και θα λάβη τας δεούσας αποφάσεις εντός της προσεχούς εβδομάδος, ώστε να ικανοποιηθούν τα δίκαια αιτήματα. Ωσαύτως ανεκοινώθη ότι θα συγκροτηθή ειδική επιτροπή διά την μελέτην του ζητήματος εις βάθος και την υποβολήν σχετικού πορίσματος.

Κατά τας πληροφορίας, αι αρμόδιαι υπηρεσίαι προβαίνουν εις τας αναγκαίας ενεργείας διά την ταχείαν διεκπεραίωσιν των εκκρεμοτήτων. Εις την σύσκεψιν μετέσχον εκπρόσωποι των ενδιαφερομένων οργανώσεων, οίτινες εξέθεσαν τας απόψεις των και υπέβαλον σχετικά υπομνήματα. Ο αρμόδιος υπουργός ετόνισεν ότι η κυβέρνησις θα εξετάση μετά προσοχής όλα τα θέματα και θα λάβη τας δεούσας αποφάσεις εντός της προσεχούς εβδομάδος, ώστε να ικανοποιηθούν τα δίκαια αιτήματα. Ωσαύτως ανεκοινώθη ότι θα συγκροτηθή ειδική επιτροπή διά την μελέτην του ζητήματος εις βάθος και την υποβολήν σχετικού πορίσματος.

ΑΝΕΠΑΡΚΕΣ ΘΕΩΡΕΙ ΤΟ ΣΥΜΒΟΥΛΙΟΝ ΤΟΥ ΝΑΤΟ Ο ΥΠΑΡΧΗΓΟΣ ΤΩΝ ΒΡΕΤΑΝΝΩΝ ΕΡΓΑΤΙΚΩΝ

ΡΕΓΚΙΝΑ, 9.— Ο υπαρχηγός του Εργατικού κόμματος εδήλωσεν ότι το συμβούλιον του ΝΑΤΟ είναι ανεπαρκές.

Κατά τας πληροφορίας, αι αρμόδιαι υπηρεσίαι προβαίνουν εις τας αναγκαίας ενεργείας διά την ταχείαν διεκπεραίωσιν των εκκρεμοτήτων. Εις την σύσκεψιν μετέσχον εκπρόσωποι των ενδιαφερομένων οργανώσεων, οίτινες εξέθεσαν τας απόψεις των και υπέβαλον σχετικά υπομνήματα. Ο αρμόδιος υπουργός ετόνισεν ότι η κυβέρνησις θα εξετάση μετά προσοχής όλα τα θέματα και θα λάβη τας δεούσας αποφάσεις εντός της προσεχούς εβδομάδος, ώστε να ικανοποιηθούν τα δίκαια αιτήματα. Ωσαύτως ανεκοινώθη ότι θα συγκροτηθή ειδική επιτροπή διά την μελέτην του ζητήματος εις βάθος και την υποβολήν σχετικού πορίσματος.

Κατά τας πληροφορίας, αι αρμόδιαι υπηρεσίαι προβαίνουν εις τας αναγκαίας ενεργείας διά την ταχείαν διεκπεραίωσιν των εκκρεμοτήτων. Εις την σύσκεψιν μετέσχον εκπρόσωποι των ενδιαφερομένων οργανώσεων, οίτινες εξέθεσαν τας απόψεις των και υπέβαλον σχετικά υπομνήματα. Ο αρμόδιος υπουργός ετόνισεν ότι η κυβέρνησις θα εξετάση μετά προσοχής όλα τα θέματα και θα λάβη τας δεούσας αποφάσεις εντός της προσεχούς εβδομάδος, ώστε να ικανοποιηθούν τα δίκαια αιτήματα. Ωσαύτως ανεκοινώθη ότι θα συγκροτηθή ειδική επιτροπή διά την μελέτην του ζητήματος εις βάθος και την υποβολήν σχετικού πορίσματος.

ΕΠΕΣΤΡΕΨΕΝ ΕΚ ΤΟΥΡΚΙΑΣ Ο Κ. ΠΙΠΙΝΗΣ

ΑΘΗΝΑΙ, 9.— Επέστρεψε σήμερον εκ Τουρκίας ο γενικός διευθυντής.

Κατά τας πληροφορίας, αι αρμόδιαι υπηρεσίαι προβαίνουν εις τας αναγκαίας ενεργείας διά την ταχείαν διεκπεραίωσιν των εκκρεμοτήτων. Εις την σύσκεψιν μετέσχον εκπρόσωποι των ενδιαφερομένων οργανώσεων, οίτινες εξέθεσαν τας απόψεις των και υπέβαλον σχετικά υπομνήματα. Ο αρμόδιος υπουργός ετόνισεν ότι η κυβέρνησις θα εξετάση μετά προσοχής όλα τα θέματα και θα λάβη τας δεούσας αποφάσεις εντός της προσεχούς εβδομάδος, ώστε να ικανοποιηθούν τα δίκαια αιτήματα. Ωσαύτως ανεκοινώθη ότι θα συγκροτηθή ειδική επιτροπή διά την μελέτην του ζητήματος εις βάθος και την υποβολήν σχετικού πορίσματος.

Κατά τας πληροφορίας, αι αρμόδιαι υπηρεσίαι προβαίνουν εις τας αναγκαίας ενεργείας διά την ταχείαν διεκπεραίωσιν των εκκρεμοτήτων. Εις την σύσκεψιν μετέσχον εκπρόσωποι των ενδιαφερομένων οργανώσεων, οίτινες εξέθεσαν τας απόψεις των και υπέβαλον σχετικά υπομνήματα. Ο αρμόδιος υπουργός ετόνισεν ότι η κυβέρνησις θα εξετάση μετά προσοχής όλα τα θέματα και θα λάβη τας δεούσας αποφάσεις εντός της προσεχούς εβδομάδος, ώστε να ικανοποιηθούν τα δίκαια αιτήματα. Ωσαύτως ανεκοινώθη ότι θα συγκροτηθή ειδική επιτροπή διά την μελέτην του ζητήματος εις βάθος και την υποβολήν σχετικού πορίσματος.

Ο ΔΟΥΞ ΤΟΥ ΑΡΓΚΑΪΛ ΕΝΥΜΦΕΥΘΗ ΜΥΣΤΙΚΩΣ ΤΗΝ ΑΜΕΡΙΚΑΝΙΔΑ Κ. ΜΑΡΤΙΝ ΜΟΡΤΙΝΕΛ

ΛΟΝΔΙΝΟΝ, 9.— Ο δούξ του Αργκάιλ ενυμφεύθη μυστικώς την Αμερικανίδα.

Κατά τας πληροφορίας, αι αρμόδιαι υπηρεσίαι προβαίνουν εις τας αναγκαίας ενεργείας διά την ταχείαν διεκπεραίωσιν των εκκρεμοτήτων. Εις την σύσκεψιν μετέσχον εκπρόσωποι των ενδιαφερομένων οργανώσεων, οίτινες εξέθεσαν τας απόψεις των και υπέβαλον σχετικά υπομνήματα. Ο αρμόδιος υπουργός ετόνισεν ότι η κυβέρνησις θα εξετάση μετά προσοχής όλα τα θέματα και θα λάβη τας δεούσας αποφάσεις εντός της προσεχούς εβδομάδος, ώστε να ικανοποιηθούν τα δίκαια αιτήματα. Ωσαύτως ανεκοινώθη ότι θα συγκροτηθή ειδική επιτροπή διά την μελέτην του ζητήματος εις βάθος και την υποβολήν σχετικού πορίσματος.

Κατά τας πληροφορίας, αι αρμόδιαι υπηρεσίαι προβαίνουν εις τας αναγκαίας ενεργείας διά την ταχείαν διεκπεραίωσιν των εκκρεμοτήτων. Εις την σύσκεψιν μετέσχον εκπρόσωποι των ενδιαφερομένων οργανώσεων, οίτινες εξέθεσαν τας απόψεις των και υπέβαλον σχετικά υπομνήματα. Ο αρμόδιος υπουργός ετόνισεν ότι η κυβέρνησις θα εξετάση μετά προσοχής όλα τα θέματα και θα λάβη τας δεούσας αποφάσεις εντός της προσεχούς εβδομάδος, ώστε να ικανοποιηθούν τα δίκαια αιτήματα. Ωσαύτως ανεκοινώθη ότι θα συγκροτηθή ειδική επιτροπή διά την μελέτην του ζητήματος εις βάθος και την υποβολήν σχετικού πορίσματος.

ΓΑΛΛΙΚΟΝ ΔΑΝΕΙΟΝ ΠΡΟΣ ΤΗΝ ΤΥΝΗΣΙΑΝ

ΠΑΡΙΣΙΟΙ, 9.— Η Γαλλία θα χορηγήση δάνειον εις την Τυνησίαν.

Κατά τας πληροφορίας, αι αρμόδιαι υπηρεσίαι προβαίνουν εις τας αναγκαίας ενεργείας διά την ταχείαν διεκπεραίωσιν των εκκρεμοτήτων. Εις την σύσκεψιν μετέσχον εκπρόσωποι των ενδιαφερομένων οργανώσεων, οίτινες εξέθεσαν τας απόψεις των και υπέβαλον σχετικά υπομνήματα. Ο αρμόδιος υπουργός ετόνισεν ότι η κυβέρνησις θα εξετάση μετά προσοχής όλα τα θέματα και θα λάβη τας δεούσας αποφάσεις εντός της προσεχούς εβδομάδος, ώστε να ικανοποιηθούν τα δίκαια αιτήματα. Ωσαύτως ανεκοινώθη ότι θα συγκροτηθή ειδική επιτροπή διά την μελέτην του ζητήματος εις βάθος και την υποβολήν σχετικού πορίσματος.

Κατά τας πληροφορίας, αι αρμόδιαι υπηρεσίαι προβαίνουν εις τας αναγκαίας ενεργείας διά την ταχείαν διεκπεραίωσιν των εκκρεμοτήτων. Εις την σύσκεψιν μετέσχον εκπρόσωποι των ενδιαφερομένων οργανώσεων, οίτινες εξέθεσαν τας απόψεις των και υπέβαλον σχετικά υπομνήματα. Ο αρμόδιος υπουργός ετόνισεν ότι η κυβέρνησις θα εξετάση μετά προσοχής όλα τα θέματα και θα λάβη τας δεούσας αποφάσεις εντός της προσεχούς εβδομάδος, ώστε να ικανοποιηθούν τα δίκαια αιτήματα. Ωσαύτως ανεκοινώθη ότι θα συγκροτηθή ειδική επιτροπή διά την μελέτην του ζητήματος εις βάθος και την υποβολήν σχετικού πορίσματος.

ΕΚΤΑΚΤΑ ΔΡΟΜΟΛΟΓΙΑ ΕΚ ΠΕΙΡΑΙΩΣ ΕΙΣ ΤΗΝΟΝ

ΑΘΗΝΑΙ, 9.— Αι ατμοπλοΐαι θα πραγματοποιήσουν έκτακτα δρομολόγια.

Κατά τας πληροφορίας, αι αρμόδιαι υπηρεσίαι προβαίνουν εις τας αναγκαίας ενεργείας διά την ταχείαν διεκπεραίωσιν των εκκρεμοτήτων. Εις την σύσκεψιν μετέσχον εκπρόσωποι των ενδιαφερομένων οργανώσεων, οίτινες εξέθεσαν τας απόψεις των και υπέβαλον σχετικά υπομνήματα. Ο αρμόδιος υπουργός ετόνισεν ότι η κυβέρνησις θα εξετάση μετά προσοχής όλα τα θέματα και θα λάβη τας δεούσας αποφάσεις εντός της προσεχούς εβδομάδος, ώστε να ικανοποιηθούν τα δίκαια αιτήματα. Ωσαύτως ανεκοινώθη ότι θα συγκροτηθή ειδική επιτροπή διά την μελέτην του ζητήματος εις βάθος και την υποβολήν σχετικού πορίσματος.

Κατά τας πληροφορίας, αι αρμόδιαι υπηρεσίαι προβαίνουν εις τας αναγκαίας ενεργείας διά την ταχείαν διεκπεραίωσιν των εκκρεμοτήτων. Εις την σύσκεψιν μετέσχον εκπρόσωποι των ενδιαφερομένων οργανώσεων, οίτινες εξέθεσαν τας απόψεις των και υπέβαλον σχετικά υπομνήματα. Ο αρμόδιος υπουργός ετόνισεν ότι η κυβέρνησις θα εξετάση μετά προσοχής όλα τα θέματα και θα λάβη τας δεούσας αποφάσεις εντός της προσεχούς εβδομάδος, ώστε να ικανοποιηθούν τα δίκαια αιτήματα. Ωσαύτως ανεκοινώθη ότι θα συγκροτηθή ειδική επιτροπή διά την μελέτην του ζητήματος εις βάθος και την υποβολήν σχετικού πορίσματος.

Η ΑΛΛΑΓΗ ΦΥΛΟΥ ΖΗΤΗΜΑ ΑΥΘΥΠΟΒΟΛΗΣ ΙΣΧΥΡΙΖΕΤΑΙ ΒΡΕΤΑΝΝΟΣ ΝΕΥΡΟΨΥΧΙΑΤΡΟΣ

ΛΟΝΔΙΝΟΝ, 9.— Βρεταννός νευροψυχίατρος ισχυρίζεται ότι η αλλαγή φύλου είναι ζήτημα αυθυποβολής.

Κατά τας πληροφορίας, αι αρμόδιαι υπηρεσίαι προβαίνουν εις τας αναγκαίας ενεργείας διά την ταχείαν διεκπεραίωσιν των εκκρεμοτήτων. Εις την σύσκεψιν μετέσχον εκπρόσωποι των ενδιαφερομένων οργανώσεων, οίτινες εξέθεσαν τας απόψεις των και υπέβαλον σχετικά υπομνήματα. Ο αρμόδιος υπουργός ετόνισεν ότι η κυβέρνησις θα εξετάση μετά προσοχής όλα τα θέματα και θα λάβη τας δεούσας αποφάσεις εντός της προσεχούς εβδομάδος, ώστε να ικανοποιηθούν τα δίκαια αιτήματα. Ωσαύτως ανεκοινώθη ότι θα συγκροτηθή ειδική επιτροπή διά την μελέτην του ζητήματος εις βάθος και την υποβολήν σχετικού πορίσματος.

Κατά τας πληροφορίας, αι αρμόδιαι υπηρεσίαι προβαίνουν εις τας αναγκαίας ενεργείας διά την ταχείαν διεκπεραίωσιν των εκκρεμοτήτων. Εις την σύσκεψιν μετέσχον εκπρόσωποι των ενδιαφερομένων οργανώσεων, οίτινες εξέθεσαν τας απόψεις των και υπέβαλον σχετικά υπομνήματα. Ο αρμόδιος υπουργός ετόνισεν ότι η κυβέρνησις θα εξετάση μετά προσοχής όλα τα θέματα και θα λάβη τας δεούσας αποφάσεις εντός της προσεχούς εβδομάδος, ώστε να ικανοποιηθούν τα δίκαια αιτήματα. Ωσαύτως ανεκοινώθη ότι θα συγκροτηθή ειδική επιτροπή διά την μελέτην του ζητήματος εις βάθος και την υποβολήν σχετικού πορίσματος.

ΟΙ ΖΩΟΦΙΛΟΙ ΔΙΑΜΑΡΤΥΡΟΝΤΑΙ ΔΙΑ ΤΑ ΠΥΡΗΝΙΚΑ ΠΕΙΡΑΜΑΤΑ

ΝΕΑ ΥΟΡΚΗ, 9.— Οι ζωόφιλοι διαμαρτύρονται διά την χρησιμοποίησιν ζώων εις πειράματα.

Κατά τας πληροφορίας, αι αρμόδιαι υπηρεσίαι προβαίνουν εις τας αναγκαίας ενεργείας διά την ταχείαν διεκπεραίωσιν των εκκρεμοτήτων. Εις την σύσκεψιν μετέσχον εκπρόσωποι των ενδιαφερομένων οργανώσεων, οίτινες εξέθεσαν τας απόψεις των και υπέβαλον σχετικά υπομνήματα. Ο αρμόδιος υπουργός ετόνισεν ότι η κυβέρνησις θα εξετάση μετά προσοχής όλα τα θέματα και θα λάβη τας δεούσας αποφάσεις εντός της προσεχούς εβδομάδος, ώστε να ικανοποιηθούν τα δίκαια αιτήματα. Ωσαύτως ανεκοινώθη ότι θα συγκροτηθή ειδική επιτροπή διά την μελέτην του ζητήματος εις βάθος και την υποβολήν σχετικού πορίσματος.

Κατά τας πληροφορίας, αι αρμόδιαι υπηρεσίαι προβαίνουν εις τας αναγκαίας ενεργείας διά την ταχείαν διεκπεραίωσιν των εκκρεμοτήτων. Εις την σύσκεψιν μετέσχον εκπρόσωποι των ενδιαφερομένων οργανώσεων, οίτινες εξέθεσαν τας απόψεις των και υπέβαλον σχετικά υπομνήματα. Ο αρμόδιος υπουργός ετόνισεν ότι η κυβέρνησις θα εξετάση μετά προσοχής όλα τα θέματα και θα λάβη τας δεούσας αποφάσεις εντός της προσεχούς εβδομάδος, ώστε να ικανοποιηθούν τα δίκαια αιτήματα. Ωσαύτως ανεκοινώθη ότι θα συγκροτηθή ειδική επιτροπή διά την μελέτην του ζητήματος εις βάθος και την υποβολήν σχετικού πορίσματος.

ΑΝΩΤΑΤΟΝ ΤΣΕΧΟΣΛΟΒΑΚΙΚΟΝ ΔΙΚΑΣΤΗΡΙΟΝ ΑΠΕΚΑΤΕΣΤΗΣΕ ΤΟΝ ΕΚΤΕΛΕΣΘΕΝΤΑ ΣΛΑΝΣΚΥ

ΒΙΕΝΝΗ, 9.— Το ανώτατον δικαστήριον της Τσεχοσλοβακίας αποκατέστησε τον Σλάνσκυ.

Κατά τας πληροφορίας, αι αρμόδιαι υπηρεσίαι προβαίνουν εις τας αναγκαίας ενεργείας διά την ταχείαν διεκπεραίωσιν των εκκρεμοτήτων. Εις την σύσκεψιν μετέσχον εκπρόσωποι των ενδιαφερομένων οργανώσεων, οίτινες εξέθεσαν τας απόψεις των και υπέβαλον σχετικά υπομνήματα. Ο αρμόδιος υπουργός ετόνισεν ότι η κυβέρνησις θα εξετάση μετά προσοχής όλα τα θέματα και θα λάβη τας δεούσας αποφάσεις εντός της προσεχούς εβδομάδος, ώστε να ικανοποιηθούν τα δίκαια αιτήματα. Ωσαύτως ανεκοινώθη ότι θα συγκροτηθή ειδική επιτροπή διά την μελέτην του ζητήματος εις βάθος και την υποβολήν σχετικού πορίσματος.

Κατά τας πληροφορίας, αι αρμόδιαι υπηρεσίαι προβαίνουν εις τας αναγκαίας ενεργείας διά την ταχείαν διεκπεραίωσιν των εκκρεμοτήτων. Εις την σύσκεψιν μετέσχον εκπρόσωποι των ενδιαφερομένων οργανώσεων, οίτινες εξέθεσαν τας απόψεις των και υπέβαλον σχετικά υπομνήματα. Ο αρμόδιος υπουργός ετόνισεν ότι η κυβέρνησις θα εξετάση μετά προσοχής όλα τα θέματα και θα λάβη τας δεούσας αποφάσεις εντός της προσεχούς εβδομάδος, ώστε να ικανοποιηθούν τα δίκαια αιτήματα. Ωσαύτως ανεκοινώθη ότι θα συγκροτηθή ειδική επιτροπή διά την μελέτην του ζητήματος εις βάθος και την υποβολήν σχετικού πορίσματος.

ΜΕΤΑ ΤΑΣ ΕΚΛΟΓΑΣ ΤΟ ΠΑΝΕΛΛΗΝΙΟΝ ΑΣΦΑΛΙΣΤΙΚΟΝ ΣΥΝΕΔΡΙΟΝ

ΑΘΗΝΑΙ, 9.— Το ασφαλιστικόν συνέδριον θα συνέλθη μετά τας εκλογάς.

Κατά τας πληροφορίας, αι αρμόδιαι υπηρεσίαι προβαίνουν εις τας αναγκαίας ενεργείας διά την ταχείαν διεκπεραίωσιν των εκκρεμοτήτων. Εις την σύσκεψιν μετέσχον εκπρόσωποι των ενδιαφερομένων οργανώσεων, οίτινες εξέθεσαν τας απόψεις των και υπέβαλον σχετικά υπομνήματα. Ο αρμόδιος υπουργός ετόνισεν ότι η κυβέρνησις θα εξετάση μετά προσοχής όλα τα θέματα και θα λάβη τας δεούσας αποφάσεις εντός της προσεχούς εβδομάδος, ώστε να ικανοποιηθούν τα δίκαια αιτήματα. Ωσαύτως ανεκοινώθη ότι θα συγκροτηθή ειδική επιτροπή διά την μελέτην του ζητήματος εις βάθος και την υποβολήν σχετικού πορίσματος.

Κατά τας πληροφορίας, αι αρμόδιαι υπηρεσίαι προβαίνουν εις τας αναγκαίας ενεργείας διά την ταχείαν διεκπεραίωσιν των εκκρεμοτήτων. Εις την σύσκεψιν μετέσχον εκπρόσωποι των ενδιαφερομένων οργανώσεων, οίτινες εξέθεσαν τας απόψεις των και υπέβαλον σχετικά υπομνήματα. Ο αρμόδιος υπουργός ετόνισεν ότι η κυβέρνησις θα εξετάση μετά προσοχής όλα τα θέματα και θα λάβη τας δεούσας αποφάσεις εντός της προσεχούς εβδομάδος, ώστε να ικανοποιηθούν τα δίκαια αιτήματα. Ωσαύτως ανεκοινώθη ότι θα συγκροτηθή ειδική επιτροπή διά την μελέτην του ζητήματος εις βάθος και την υποβολήν σχετικού πορίσματος.

Ο ΣΧΟΛΑΣΤΙΚΟΣ ΠΑΤΡΙΑΡΧΗΣ ΘΑ ΕΓΚΑΤΑΣΤΑΘΗ ΕΙΣ ΑΘΗΝΑΣ

ΑΘΗΝΑΙ, 9.— Επεβεβαιώθη ότι θα εγκατασταθή εις τας Αθήνας.

Κατά τας πληροφορίας, αι αρμόδιαι υπηρεσίαι προβαίνουν εις τας αναγκαίας ενεργείας διά την ταχείαν διεκπεραίωσιν των εκκρεμοτήτων. Εις την σύσκεψιν μετέσχον εκπρόσωποι των ενδιαφερομένων οργανώσεων, οίτινες εξέθεσαν τας απόψεις των και υπέβαλον σχετικά υπομνήματα. Ο αρμόδιος υπουργός ετόνισεν ότι η κυβέρνησις θα εξετάση μετά προσοχής όλα τα θέματα και θα λάβη τας δεούσας αποφάσεις εντός της προσεχούς εβδομάδος, ώστε να ικανοποιηθούν τα δίκαια αιτήματα. Ωσαύτως ανεκοινώθη ότι θα συγκροτηθή ειδική επιτροπή διά την μελέτην του ζητήματος εις βάθος και την υποβολήν σχετικού πορίσματος.

Κατά τας πληροφορίας, αι αρμόδιαι υπηρεσίαι προβαίνουν εις τας αναγκαίας ενεργείας διά την ταχείαν διεκπεραίωσιν των εκκρεμοτήτων. Εις την σύσκεψιν μετέσχον εκπρόσωποι των ενδιαφερομένων οργανώσεων, οίτινες εξέθεσαν τας απόψεις των και υπέβαλον σχετικά υπομνήματα. Ο αρμόδιος υπουργός ετόνισεν ότι η κυβέρνησις θα εξετάση μετά προσοχής όλα τα θέματα και θα λάβη τας δεούσας αποφάσεις εντός της προσεχούς εβδομάδος, ώστε να ικανοποιηθούν τα δίκαια αιτήματα. Ωσαύτως ανεκοινώθη ότι θα συγκροτηθή ειδική επιτροπή διά την μελέτην του ζητήματος εις βάθος και την υποβολήν σχετικού πορίσματος.

Η ΑΣΤΥΝΟΜΙΑ ΑΡΝΕΙΤΑΙ ΟΤΙ ΕΠΙΕΣΕ ΤΗΝ ΡΙΚΑΡΝΤΟ ΝΑ ΚΑΤΑΘΕΣΗ ΕΝΑΝΤΙΟΝ ΤΟΥ ΣΤΕΦΕΝ ΓΟΥΡΝΤ

ΣΥΝΕΧΕΙΑ ΕΚ ΤΗΣ 1ΗΣ ΣΕΛΙΔΟΣ

Κατά τας πληροφορίας, αι αρμόδιαι υπηρεσίαι προβαίνουν εις τας αναγκαίας ενεργείας διά την ταχείαν διεκπεραίωσιν των εκκρεμοτήτων. Εις την σύσκεψιν μετέσχον εκπρόσωποι των ενδιαφερομένων οργανώσεων, οίτινες εξέθεσαν τας απόψεις των και υπέβαλον σχετικά υπομνήματα. Ο αρμόδιος υπουργός ετόνισεν ότι η κυβέρνησις θα εξετάση μετά προσοχής όλα τα θέματα και θα λάβη τας δεούσας αποφάσεις εντός της προσεχούς εβδομάδος, ώστε να ικανοποιηθούν τα δίκαια αιτήματα. Ωσαύτως ανεκοινώθη ότι θα συγκροτηθή ειδική επιτροπή διά την μελέτην του ζητήματος εις βάθος και την υποβολήν σχετικού πορίσματος.

Κατά τας πληροφορίας, αι αρμόδιαι υπηρεσίαι προβαίνουν εις τας αναγκαίας ενεργείας διά την ταχείαν διεκπεραίωσιν των εκκρεμοτήτων. Εις την σύσκεψιν μετέσχον εκπρόσωποι των ενδιαφερομένων οργανώσεων, οίτινες εξέθεσαν τας απόψεις των και υπέβαλον σχετικά υπομνήματα. Ο αρμόδιος υπουργός ετόνισεν ότι η κυβέρνησις θα εξετάση μετά προσοχής όλα τα θέματα και θα λάβη τας δεούσας αποφάσεις εντός της προσεχούς εβδομάδος, ώστε να ικανοποιηθούν τα δίκαια αιτήματα. Ωσαύτως ανεκοινώθη ότι θα συγκροτηθή ειδική επιτροπή διά την μελέτην του ζητήματος εις βάθος και την υποβολήν σχετικού πορίσματος.

Η ΣΥΜΠΕΡΙΦΟΡΑ ΤΗΣ ΑΣΤΥΝΟΜΙΑΣ

Ερωτηθείσα διατί δεν κατηγορήθη η κ. Ρικάρντο.

Κατά τας πληροφορίας, αι αρμόδιαι υπηρεσίαι προβαίνουν εις τας αναγκαίας ενεργείας διά την ταχείαν διεκπεραίωσιν των εκκρεμοτήτων. Εις την σύσκεψιν μετέσχον εκπρόσωποι των ενδιαφερομένων οργανώσεων, οίτινες εξέθεσαν τας απόψεις των και υπέβαλον σχετικά υπομνήματα. Ο αρμόδιος υπουργός ετόνισεν ότι η κυβέρνησις θα εξετάση μετά προσοχής όλα τα θέματα και θα λάβη τας δεούσας αποφάσεις εντός της προσεχούς εβδομάδος, ώστε να ικανοποιηθούν τα δίκαια αιτήματα. Ωσαύτως ανεκοινώθη ότι θα συγκροτηθή ειδική επιτροπή διά την μελέτην του ζητήματος εις βάθος και την υποβολήν σχετικού πορίσματος.

Κατά τας πληροφορίας, αι αρμόδιαι υπηρεσίαι προβαίνουν εις τας αναγκαίας ενεργείας διά την ταχείαν διεκπεραίωσιν των εκκρεμοτήτων. Εις την σύσκεψιν μετέσχον εκπρόσωποι των ενδιαφερομένων οργανώσεων, οίτινες εξέθεσαν τας απόψεις των και υπέβαλον σχετικά υπομνήματα. Ο αρμόδιος υπουργός ετόνισεν ότι η κυβέρνησις θα εξετάση μετά προσοχής όλα τα θέματα και θα λάβη τας δεούσας αποφάσεις εντός της προσεχούς εβδομάδος, ώστε να ικανοποιηθούν τα δίκαια αιτήματα. Ωσαύτως ανεκοινώθη ότι θα συγκροτηθή ειδική επιτροπή διά την μελέτην του ζητήματος εις βάθος και την υποβολήν σχετικού πορίσματος.
